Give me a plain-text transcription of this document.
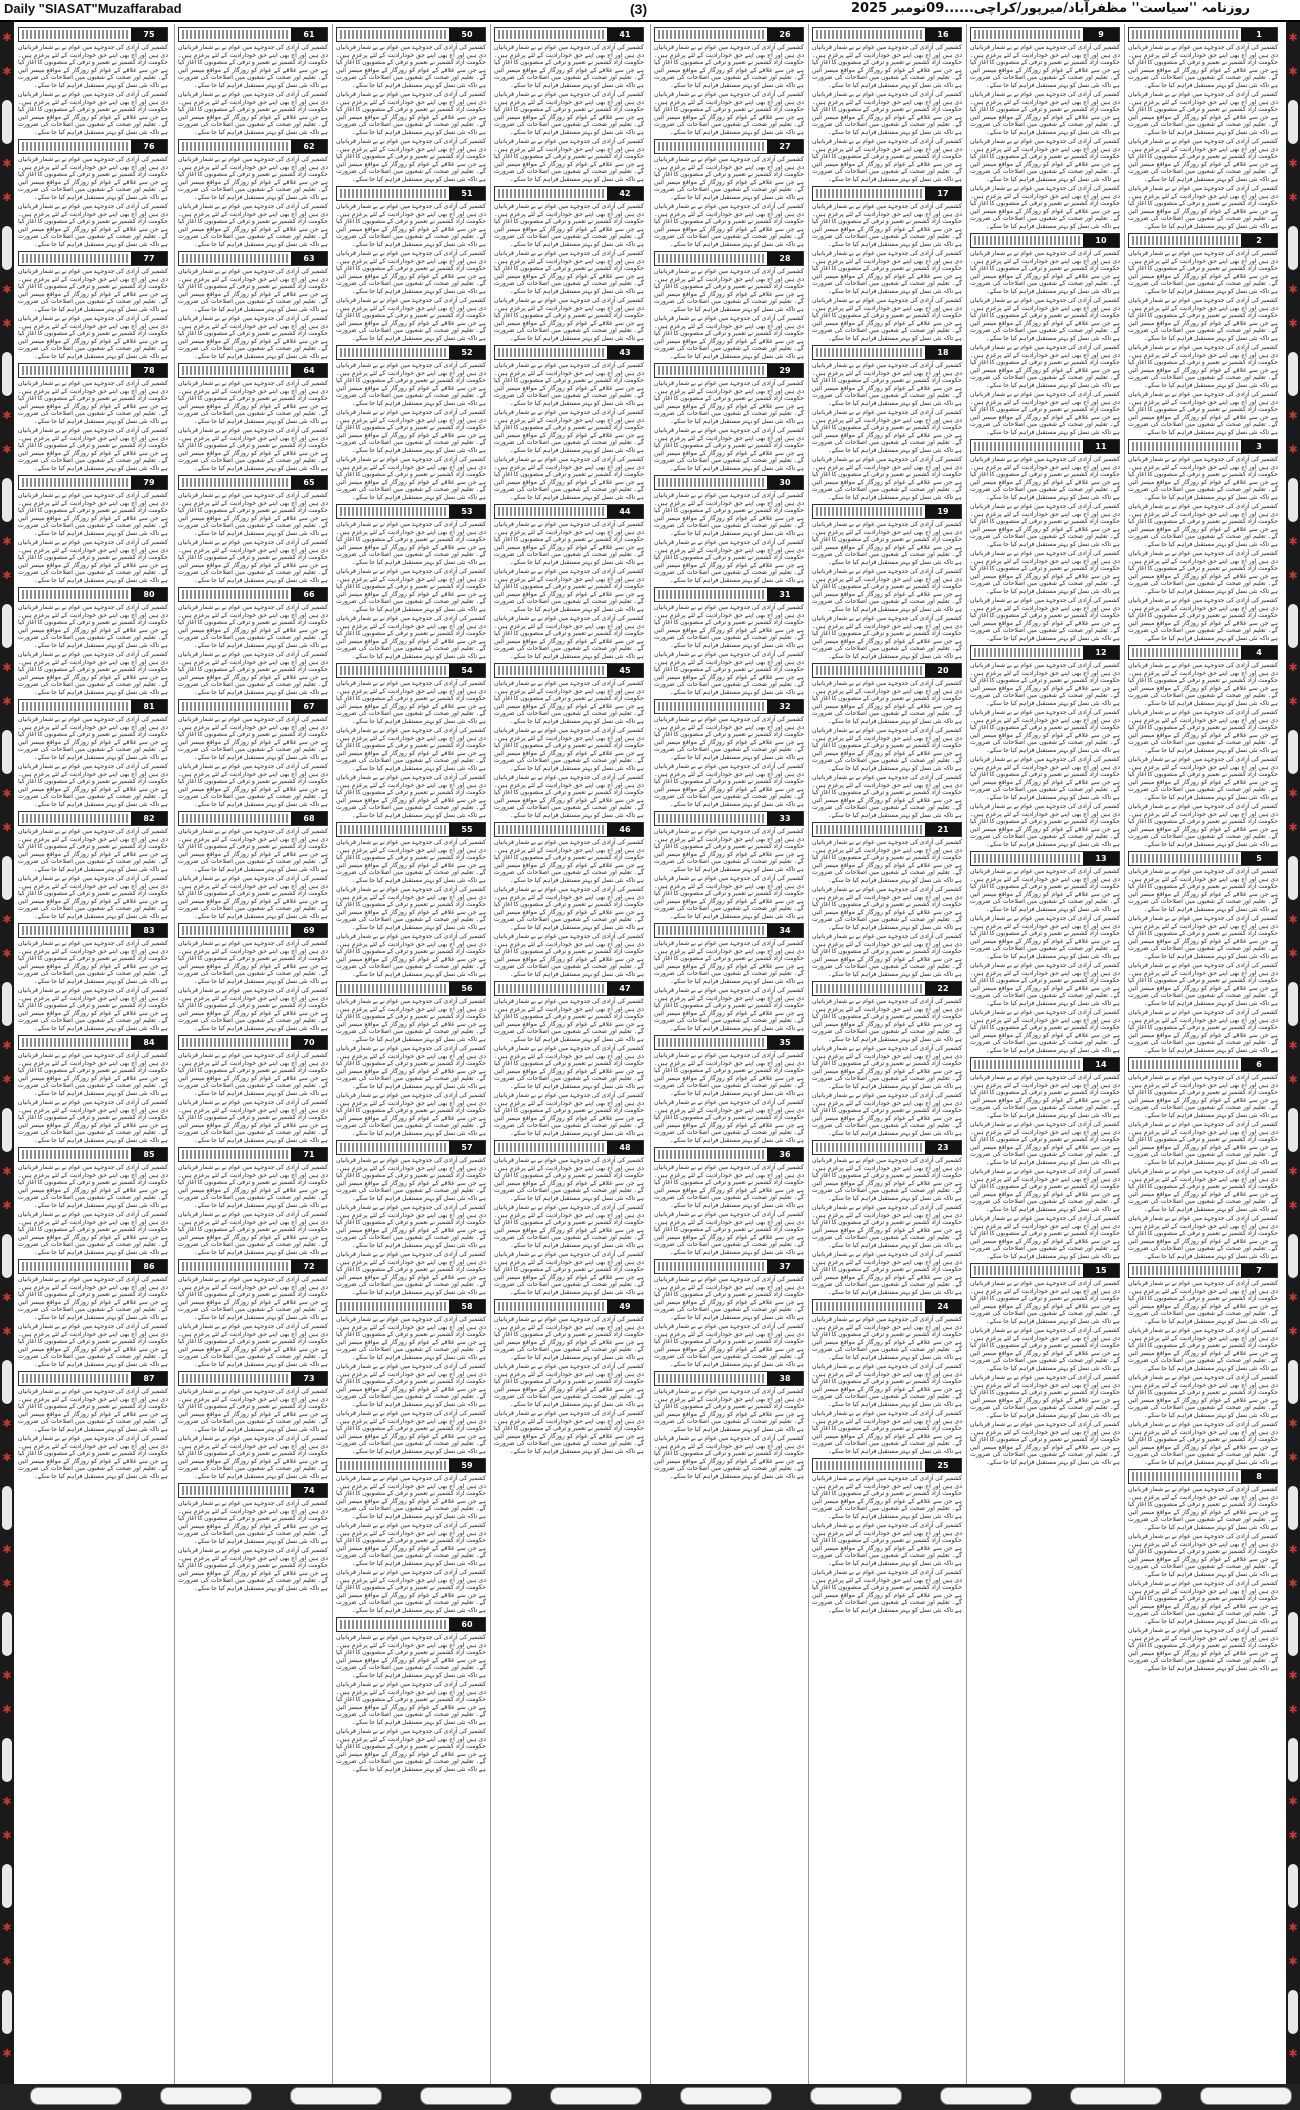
Daily "SIASAT"Muzaffarabad	(3)	روزنامہ ''سیاست'' مظفرآباد/میرپور/کراچی......09نومبر 2025
✱
✱
✱
✱
✱
✱
✱
✱
✱
✱
✱
✱
✱
✱
✱
✱
✱
✱
✱
✱
✱
✱
✱
✱
✱
✱
✱
✱
✱
✱
✱
✱
✱
✱
✱
✱
✱
✱
✱
✱
✱
✱
✱
✱
✱
✱
✱
✱
✱
✱
✱
✱
✱
✱
✱
✱
✱
✱
✱
✱
✱
✱
✱
✱
✱
✱
1

کشمیر کی آزادی کی جدوجہد میں عوام نے بے شمار قربانیاں دی ہیں اور آج بھی اپنے حق خودارادیت کے لئے پرعزم ہیں۔ حکومت آزاد کشمیر نے تعمیر و ترقی کے منصوبوں کا آغاز کیا ہے جن سے علاقے کے عوام کو روزگار کے مواقع میسر آئیں گے۔ تعلیم اور صحت کے شعبوں میں اصلاحات کی ضرورت ہے تاکہ نئی نسل کو بہتر مستقبل فراہم کیا جا سکے۔

کشمیر کی آزادی کی جدوجہد میں عوام نے بے شمار قربانیاں دی ہیں اور آج بھی اپنے حق خودارادیت کے لئے پرعزم ہیں۔ حکومت آزاد کشمیر نے تعمیر و ترقی کے منصوبوں کا آغاز کیا ہے جن سے علاقے کے عوام کو روزگار کے مواقع میسر آئیں گے۔ تعلیم اور صحت کے شعبوں میں اصلاحات کی ضرورت ہے تاکہ نئی نسل کو بہتر مستقبل فراہم کیا جا سکے۔

کشمیر کی آزادی کی جدوجہد میں عوام نے بے شمار قربانیاں دی ہیں اور آج بھی اپنے حق خودارادیت کے لئے پرعزم ہیں۔ حکومت آزاد کشمیر نے تعمیر و ترقی کے منصوبوں کا آغاز کیا ہے جن سے علاقے کے عوام کو روزگار کے مواقع میسر آئیں گے۔ تعلیم اور صحت کے شعبوں میں اصلاحات کی ضرورت ہے تاکہ نئی نسل کو بہتر مستقبل فراہم کیا جا سکے۔

کشمیر کی آزادی کی جدوجہد میں عوام نے بے شمار قربانیاں دی ہیں اور آج بھی اپنے حق خودارادیت کے لئے پرعزم ہیں۔ حکومت آزاد کشمیر نے تعمیر و ترقی کے منصوبوں کا آغاز کیا ہے جن سے علاقے کے عوام کو روزگار کے مواقع میسر آئیں گے۔ تعلیم اور صحت کے شعبوں میں اصلاحات کی ضرورت ہے تاکہ نئی نسل کو بہتر مستقبل فراہم کیا جا سکے۔

2

کشمیر کی آزادی کی جدوجہد میں عوام نے بے شمار قربانیاں دی ہیں اور آج بھی اپنے حق خودارادیت کے لئے پرعزم ہیں۔ حکومت آزاد کشمیر نے تعمیر و ترقی کے منصوبوں کا آغاز کیا ہے جن سے علاقے کے عوام کو روزگار کے مواقع میسر آئیں گے۔ تعلیم اور صحت کے شعبوں میں اصلاحات کی ضرورت ہے تاکہ نئی نسل کو بہتر مستقبل فراہم کیا جا سکے۔

کشمیر کی آزادی کی جدوجہد میں عوام نے بے شمار قربانیاں دی ہیں اور آج بھی اپنے حق خودارادیت کے لئے پرعزم ہیں۔ حکومت آزاد کشمیر نے تعمیر و ترقی کے منصوبوں کا آغاز کیا ہے جن سے علاقے کے عوام کو روزگار کے مواقع میسر آئیں گے۔ تعلیم اور صحت کے شعبوں میں اصلاحات کی ضرورت ہے تاکہ نئی نسل کو بہتر مستقبل فراہم کیا جا سکے۔

کشمیر کی آزادی کی جدوجہد میں عوام نے بے شمار قربانیاں دی ہیں اور آج بھی اپنے حق خودارادیت کے لئے پرعزم ہیں۔ حکومت آزاد کشمیر نے تعمیر و ترقی کے منصوبوں کا آغاز کیا ہے جن سے علاقے کے عوام کو روزگار کے مواقع میسر آئیں گے۔ تعلیم اور صحت کے شعبوں میں اصلاحات کی ضرورت ہے تاکہ نئی نسل کو بہتر مستقبل فراہم کیا جا سکے۔

کشمیر کی آزادی کی جدوجہد میں عوام نے بے شمار قربانیاں دی ہیں اور آج بھی اپنے حق خودارادیت کے لئے پرعزم ہیں۔ حکومت آزاد کشمیر نے تعمیر و ترقی کے منصوبوں کا آغاز کیا ہے جن سے علاقے کے عوام کو روزگار کے مواقع میسر آئیں گے۔ تعلیم اور صحت کے شعبوں میں اصلاحات کی ضرورت ہے تاکہ نئی نسل کو بہتر مستقبل فراہم کیا جا سکے۔

3

کشمیر کی آزادی کی جدوجہد میں عوام نے بے شمار قربانیاں دی ہیں اور آج بھی اپنے حق خودارادیت کے لئے پرعزم ہیں۔ حکومت آزاد کشمیر نے تعمیر و ترقی کے منصوبوں کا آغاز کیا ہے جن سے علاقے کے عوام کو روزگار کے مواقع میسر آئیں گے۔ تعلیم اور صحت کے شعبوں میں اصلاحات کی ضرورت ہے تاکہ نئی نسل کو بہتر مستقبل فراہم کیا جا سکے۔

کشمیر کی آزادی کی جدوجہد میں عوام نے بے شمار قربانیاں دی ہیں اور آج بھی اپنے حق خودارادیت کے لئے پرعزم ہیں۔ حکومت آزاد کشمیر نے تعمیر و ترقی کے منصوبوں کا آغاز کیا ہے جن سے علاقے کے عوام کو روزگار کے مواقع میسر آئیں گے۔ تعلیم اور صحت کے شعبوں میں اصلاحات کی ضرورت ہے تاکہ نئی نسل کو بہتر مستقبل فراہم کیا جا سکے۔

کشمیر کی آزادی کی جدوجہد میں عوام نے بے شمار قربانیاں دی ہیں اور آج بھی اپنے حق خودارادیت کے لئے پرعزم ہیں۔ حکومت آزاد کشمیر نے تعمیر و ترقی کے منصوبوں کا آغاز کیا ہے جن سے علاقے کے عوام کو روزگار کے مواقع میسر آئیں گے۔ تعلیم اور صحت کے شعبوں میں اصلاحات کی ضرورت ہے تاکہ نئی نسل کو بہتر مستقبل فراہم کیا جا سکے۔

کشمیر کی آزادی کی جدوجہد میں عوام نے بے شمار قربانیاں دی ہیں اور آج بھی اپنے حق خودارادیت کے لئے پرعزم ہیں۔ حکومت آزاد کشمیر نے تعمیر و ترقی کے منصوبوں کا آغاز کیا ہے جن سے علاقے کے عوام کو روزگار کے مواقع میسر آئیں گے۔ تعلیم اور صحت کے شعبوں میں اصلاحات کی ضرورت ہے تاکہ نئی نسل کو بہتر مستقبل فراہم کیا جا سکے۔

4

کشمیر کی آزادی کی جدوجہد میں عوام نے بے شمار قربانیاں دی ہیں اور آج بھی اپنے حق خودارادیت کے لئے پرعزم ہیں۔ حکومت آزاد کشمیر نے تعمیر و ترقی کے منصوبوں کا آغاز کیا ہے جن سے علاقے کے عوام کو روزگار کے مواقع میسر آئیں گے۔ تعلیم اور صحت کے شعبوں میں اصلاحات کی ضرورت ہے تاکہ نئی نسل کو بہتر مستقبل فراہم کیا جا سکے۔

کشمیر کی آزادی کی جدوجہد میں عوام نے بے شمار قربانیاں دی ہیں اور آج بھی اپنے حق خودارادیت کے لئے پرعزم ہیں۔ حکومت آزاد کشمیر نے تعمیر و ترقی کے منصوبوں کا آغاز کیا ہے جن سے علاقے کے عوام کو روزگار کے مواقع میسر آئیں گے۔ تعلیم اور صحت کے شعبوں میں اصلاحات کی ضرورت ہے تاکہ نئی نسل کو بہتر مستقبل فراہم کیا جا سکے۔

کشمیر کی آزادی کی جدوجہد میں عوام نے بے شمار قربانیاں دی ہیں اور آج بھی اپنے حق خودارادیت کے لئے پرعزم ہیں۔ حکومت آزاد کشمیر نے تعمیر و ترقی کے منصوبوں کا آغاز کیا ہے جن سے علاقے کے عوام کو روزگار کے مواقع میسر آئیں گے۔ تعلیم اور صحت کے شعبوں میں اصلاحات کی ضرورت ہے تاکہ نئی نسل کو بہتر مستقبل فراہم کیا جا سکے۔

کشمیر کی آزادی کی جدوجہد میں عوام نے بے شمار قربانیاں دی ہیں اور آج بھی اپنے حق خودارادیت کے لئے پرعزم ہیں۔ حکومت آزاد کشمیر نے تعمیر و ترقی کے منصوبوں کا آغاز کیا ہے جن سے علاقے کے عوام کو روزگار کے مواقع میسر آئیں گے۔ تعلیم اور صحت کے شعبوں میں اصلاحات کی ضرورت ہے تاکہ نئی نسل کو بہتر مستقبل فراہم کیا جا سکے۔

5

کشمیر کی آزادی کی جدوجہد میں عوام نے بے شمار قربانیاں دی ہیں اور آج بھی اپنے حق خودارادیت کے لئے پرعزم ہیں۔ حکومت آزاد کشمیر نے تعمیر و ترقی کے منصوبوں کا آغاز کیا ہے جن سے علاقے کے عوام کو روزگار کے مواقع میسر آئیں گے۔ تعلیم اور صحت کے شعبوں میں اصلاحات کی ضرورت ہے تاکہ نئی نسل کو بہتر مستقبل فراہم کیا جا سکے۔

کشمیر کی آزادی کی جدوجہد میں عوام نے بے شمار قربانیاں دی ہیں اور آج بھی اپنے حق خودارادیت کے لئے پرعزم ہیں۔ حکومت آزاد کشمیر نے تعمیر و ترقی کے منصوبوں کا آغاز کیا ہے جن سے علاقے کے عوام کو روزگار کے مواقع میسر آئیں گے۔ تعلیم اور صحت کے شعبوں میں اصلاحات کی ضرورت ہے تاکہ نئی نسل کو بہتر مستقبل فراہم کیا جا سکے۔

کشمیر کی آزادی کی جدوجہد میں عوام نے بے شمار قربانیاں دی ہیں اور آج بھی اپنے حق خودارادیت کے لئے پرعزم ہیں۔ حکومت آزاد کشمیر نے تعمیر و ترقی کے منصوبوں کا آغاز کیا ہے جن سے علاقے کے عوام کو روزگار کے مواقع میسر آئیں گے۔ تعلیم اور صحت کے شعبوں میں اصلاحات کی ضرورت ہے تاکہ نئی نسل کو بہتر مستقبل فراہم کیا جا سکے۔

کشمیر کی آزادی کی جدوجہد میں عوام نے بے شمار قربانیاں دی ہیں اور آج بھی اپنے حق خودارادیت کے لئے پرعزم ہیں۔ حکومت آزاد کشمیر نے تعمیر و ترقی کے منصوبوں کا آغاز کیا ہے جن سے علاقے کے عوام کو روزگار کے مواقع میسر آئیں گے۔ تعلیم اور صحت کے شعبوں میں اصلاحات کی ضرورت ہے تاکہ نئی نسل کو بہتر مستقبل فراہم کیا جا سکے۔

6

کشمیر کی آزادی کی جدوجہد میں عوام نے بے شمار قربانیاں دی ہیں اور آج بھی اپنے حق خودارادیت کے لئے پرعزم ہیں۔ حکومت آزاد کشمیر نے تعمیر و ترقی کے منصوبوں کا آغاز کیا ہے جن سے علاقے کے عوام کو روزگار کے مواقع میسر آئیں گے۔ تعلیم اور صحت کے شعبوں میں اصلاحات کی ضرورت ہے تاکہ نئی نسل کو بہتر مستقبل فراہم کیا جا سکے۔

کشمیر کی آزادی کی جدوجہد میں عوام نے بے شمار قربانیاں دی ہیں اور آج بھی اپنے حق خودارادیت کے لئے پرعزم ہیں۔ حکومت آزاد کشمیر نے تعمیر و ترقی کے منصوبوں کا آغاز کیا ہے جن سے علاقے کے عوام کو روزگار کے مواقع میسر آئیں گے۔ تعلیم اور صحت کے شعبوں میں اصلاحات کی ضرورت ہے تاکہ نئی نسل کو بہتر مستقبل فراہم کیا جا سکے۔

کشمیر کی آزادی کی جدوجہد میں عوام نے بے شمار قربانیاں دی ہیں اور آج بھی اپنے حق خودارادیت کے لئے پرعزم ہیں۔ حکومت آزاد کشمیر نے تعمیر و ترقی کے منصوبوں کا آغاز کیا ہے جن سے علاقے کے عوام کو روزگار کے مواقع میسر آئیں گے۔ تعلیم اور صحت کے شعبوں میں اصلاحات کی ضرورت ہے تاکہ نئی نسل کو بہتر مستقبل فراہم کیا جا سکے۔

کشمیر کی آزادی کی جدوجہد میں عوام نے بے شمار قربانیاں دی ہیں اور آج بھی اپنے حق خودارادیت کے لئے پرعزم ہیں۔ حکومت آزاد کشمیر نے تعمیر و ترقی کے منصوبوں کا آغاز کیا ہے جن سے علاقے کے عوام کو روزگار کے مواقع میسر آئیں گے۔ تعلیم اور صحت کے شعبوں میں اصلاحات کی ضرورت ہے تاکہ نئی نسل کو بہتر مستقبل فراہم کیا جا سکے۔

7

کشمیر کی آزادی کی جدوجہد میں عوام نے بے شمار قربانیاں دی ہیں اور آج بھی اپنے حق خودارادیت کے لئے پرعزم ہیں۔ حکومت آزاد کشمیر نے تعمیر و ترقی کے منصوبوں کا آغاز کیا ہے جن سے علاقے کے عوام کو روزگار کے مواقع میسر آئیں گے۔ تعلیم اور صحت کے شعبوں میں اصلاحات کی ضرورت ہے تاکہ نئی نسل کو بہتر مستقبل فراہم کیا جا سکے۔

کشمیر کی آزادی کی جدوجہد میں عوام نے بے شمار قربانیاں دی ہیں اور آج بھی اپنے حق خودارادیت کے لئے پرعزم ہیں۔ حکومت آزاد کشمیر نے تعمیر و ترقی کے منصوبوں کا آغاز کیا ہے جن سے علاقے کے عوام کو روزگار کے مواقع میسر آئیں گے۔ تعلیم اور صحت کے شعبوں میں اصلاحات کی ضرورت ہے تاکہ نئی نسل کو بہتر مستقبل فراہم کیا جا سکے۔

کشمیر کی آزادی کی جدوجہد میں عوام نے بے شمار قربانیاں دی ہیں اور آج بھی اپنے حق خودارادیت کے لئے پرعزم ہیں۔ حکومت آزاد کشمیر نے تعمیر و ترقی کے منصوبوں کا آغاز کیا ہے جن سے علاقے کے عوام کو روزگار کے مواقع میسر آئیں گے۔ تعلیم اور صحت کے شعبوں میں اصلاحات کی ضرورت ہے تاکہ نئی نسل کو بہتر مستقبل فراہم کیا جا سکے۔

کشمیر کی آزادی کی جدوجہد میں عوام نے بے شمار قربانیاں دی ہیں اور آج بھی اپنے حق خودارادیت کے لئے پرعزم ہیں۔ حکومت آزاد کشمیر نے تعمیر و ترقی کے منصوبوں کا آغاز کیا ہے جن سے علاقے کے عوام کو روزگار کے مواقع میسر آئیں گے۔ تعلیم اور صحت کے شعبوں میں اصلاحات کی ضرورت ہے تاکہ نئی نسل کو بہتر مستقبل فراہم کیا جا سکے۔

8

کشمیر کی آزادی کی جدوجہد میں عوام نے بے شمار قربانیاں دی ہیں اور آج بھی اپنے حق خودارادیت کے لئے پرعزم ہیں۔ حکومت آزاد کشمیر نے تعمیر و ترقی کے منصوبوں کا آغاز کیا ہے جن سے علاقے کے عوام کو روزگار کے مواقع میسر آئیں گے۔ تعلیم اور صحت کے شعبوں میں اصلاحات کی ضرورت ہے تاکہ نئی نسل کو بہتر مستقبل فراہم کیا جا سکے۔

کشمیر کی آزادی کی جدوجہد میں عوام نے بے شمار قربانیاں دی ہیں اور آج بھی اپنے حق خودارادیت کے لئے پرعزم ہیں۔ حکومت آزاد کشمیر نے تعمیر و ترقی کے منصوبوں کا آغاز کیا ہے جن سے علاقے کے عوام کو روزگار کے مواقع میسر آئیں گے۔ تعلیم اور صحت کے شعبوں میں اصلاحات کی ضرورت ہے تاکہ نئی نسل کو بہتر مستقبل فراہم کیا جا سکے۔

کشمیر کی آزادی کی جدوجہد میں عوام نے بے شمار قربانیاں دی ہیں اور آج بھی اپنے حق خودارادیت کے لئے پرعزم ہیں۔ حکومت آزاد کشمیر نے تعمیر و ترقی کے منصوبوں کا آغاز کیا ہے جن سے علاقے کے عوام کو روزگار کے مواقع میسر آئیں گے۔ تعلیم اور صحت کے شعبوں میں اصلاحات کی ضرورت ہے تاکہ نئی نسل کو بہتر مستقبل فراہم کیا جا سکے۔

کشمیر کی آزادی کی جدوجہد میں عوام نے بے شمار قربانیاں دی ہیں اور آج بھی اپنے حق خودارادیت کے لئے پرعزم ہیں۔ حکومت آزاد کشمیر نے تعمیر و ترقی کے منصوبوں کا آغاز کیا ہے جن سے علاقے کے عوام کو روزگار کے مواقع میسر آئیں گے۔ تعلیم اور صحت کے شعبوں میں اصلاحات کی ضرورت ہے تاکہ نئی نسل کو بہتر مستقبل فراہم کیا جا سکے۔

9

کشمیر کی آزادی کی جدوجہد میں عوام نے بے شمار قربانیاں دی ہیں اور آج بھی اپنے حق خودارادیت کے لئے پرعزم ہیں۔ حکومت آزاد کشمیر نے تعمیر و ترقی کے منصوبوں کا آغاز کیا ہے جن سے علاقے کے عوام کو روزگار کے مواقع میسر آئیں گے۔ تعلیم اور صحت کے شعبوں میں اصلاحات کی ضرورت ہے تاکہ نئی نسل کو بہتر مستقبل فراہم کیا جا سکے۔

کشمیر کی آزادی کی جدوجہد میں عوام نے بے شمار قربانیاں دی ہیں اور آج بھی اپنے حق خودارادیت کے لئے پرعزم ہیں۔ حکومت آزاد کشمیر نے تعمیر و ترقی کے منصوبوں کا آغاز کیا ہے جن سے علاقے کے عوام کو روزگار کے مواقع میسر آئیں گے۔ تعلیم اور صحت کے شعبوں میں اصلاحات کی ضرورت ہے تاکہ نئی نسل کو بہتر مستقبل فراہم کیا جا سکے۔

کشمیر کی آزادی کی جدوجہد میں عوام نے بے شمار قربانیاں دی ہیں اور آج بھی اپنے حق خودارادیت کے لئے پرعزم ہیں۔ حکومت آزاد کشمیر نے تعمیر و ترقی کے منصوبوں کا آغاز کیا ہے جن سے علاقے کے عوام کو روزگار کے مواقع میسر آئیں گے۔ تعلیم اور صحت کے شعبوں میں اصلاحات کی ضرورت ہے تاکہ نئی نسل کو بہتر مستقبل فراہم کیا جا سکے۔

کشمیر کی آزادی کی جدوجہد میں عوام نے بے شمار قربانیاں دی ہیں اور آج بھی اپنے حق خودارادیت کے لئے پرعزم ہیں۔ حکومت آزاد کشمیر نے تعمیر و ترقی کے منصوبوں کا آغاز کیا ہے جن سے علاقے کے عوام کو روزگار کے مواقع میسر آئیں گے۔ تعلیم اور صحت کے شعبوں میں اصلاحات کی ضرورت ہے تاکہ نئی نسل کو بہتر مستقبل فراہم کیا جا سکے۔

10

کشمیر کی آزادی کی جدوجہد میں عوام نے بے شمار قربانیاں دی ہیں اور آج بھی اپنے حق خودارادیت کے لئے پرعزم ہیں۔ حکومت آزاد کشمیر نے تعمیر و ترقی کے منصوبوں کا آغاز کیا ہے جن سے علاقے کے عوام کو روزگار کے مواقع میسر آئیں گے۔ تعلیم اور صحت کے شعبوں میں اصلاحات کی ضرورت ہے تاکہ نئی نسل کو بہتر مستقبل فراہم کیا جا سکے۔

کشمیر کی آزادی کی جدوجہد میں عوام نے بے شمار قربانیاں دی ہیں اور آج بھی اپنے حق خودارادیت کے لئے پرعزم ہیں۔ حکومت آزاد کشمیر نے تعمیر و ترقی کے منصوبوں کا آغاز کیا ہے جن سے علاقے کے عوام کو روزگار کے مواقع میسر آئیں گے۔ تعلیم اور صحت کے شعبوں میں اصلاحات کی ضرورت ہے تاکہ نئی نسل کو بہتر مستقبل فراہم کیا جا سکے۔

کشمیر کی آزادی کی جدوجہد میں عوام نے بے شمار قربانیاں دی ہیں اور آج بھی اپنے حق خودارادیت کے لئے پرعزم ہیں۔ حکومت آزاد کشمیر نے تعمیر و ترقی کے منصوبوں کا آغاز کیا ہے جن سے علاقے کے عوام کو روزگار کے مواقع میسر آئیں گے۔ تعلیم اور صحت کے شعبوں میں اصلاحات کی ضرورت ہے تاکہ نئی نسل کو بہتر مستقبل فراہم کیا جا سکے۔

کشمیر کی آزادی کی جدوجہد میں عوام نے بے شمار قربانیاں دی ہیں اور آج بھی اپنے حق خودارادیت کے لئے پرعزم ہیں۔ حکومت آزاد کشمیر نے تعمیر و ترقی کے منصوبوں کا آغاز کیا ہے جن سے علاقے کے عوام کو روزگار کے مواقع میسر آئیں گے۔ تعلیم اور صحت کے شعبوں میں اصلاحات کی ضرورت ہے تاکہ نئی نسل کو بہتر مستقبل فراہم کیا جا سکے۔

11

کشمیر کی آزادی کی جدوجہد میں عوام نے بے شمار قربانیاں دی ہیں اور آج بھی اپنے حق خودارادیت کے لئے پرعزم ہیں۔ حکومت آزاد کشمیر نے تعمیر و ترقی کے منصوبوں کا آغاز کیا ہے جن سے علاقے کے عوام کو روزگار کے مواقع میسر آئیں گے۔ تعلیم اور صحت کے شعبوں میں اصلاحات کی ضرورت ہے تاکہ نئی نسل کو بہتر مستقبل فراہم کیا جا سکے۔

کشمیر کی آزادی کی جدوجہد میں عوام نے بے شمار قربانیاں دی ہیں اور آج بھی اپنے حق خودارادیت کے لئے پرعزم ہیں۔ حکومت آزاد کشمیر نے تعمیر و ترقی کے منصوبوں کا آغاز کیا ہے جن سے علاقے کے عوام کو روزگار کے مواقع میسر آئیں گے۔ تعلیم اور صحت کے شعبوں میں اصلاحات کی ضرورت ہے تاکہ نئی نسل کو بہتر مستقبل فراہم کیا جا سکے۔

کشمیر کی آزادی کی جدوجہد میں عوام نے بے شمار قربانیاں دی ہیں اور آج بھی اپنے حق خودارادیت کے لئے پرعزم ہیں۔ حکومت آزاد کشمیر نے تعمیر و ترقی کے منصوبوں کا آغاز کیا ہے جن سے علاقے کے عوام کو روزگار کے مواقع میسر آئیں گے۔ تعلیم اور صحت کے شعبوں میں اصلاحات کی ضرورت ہے تاکہ نئی نسل کو بہتر مستقبل فراہم کیا جا سکے۔

کشمیر کی آزادی کی جدوجہد میں عوام نے بے شمار قربانیاں دی ہیں اور آج بھی اپنے حق خودارادیت کے لئے پرعزم ہیں۔ حکومت آزاد کشمیر نے تعمیر و ترقی کے منصوبوں کا آغاز کیا ہے جن سے علاقے کے عوام کو روزگار کے مواقع میسر آئیں گے۔ تعلیم اور صحت کے شعبوں میں اصلاحات کی ضرورت ہے تاکہ نئی نسل کو بہتر مستقبل فراہم کیا جا سکے۔

12

کشمیر کی آزادی کی جدوجہد میں عوام نے بے شمار قربانیاں دی ہیں اور آج بھی اپنے حق خودارادیت کے لئے پرعزم ہیں۔ حکومت آزاد کشمیر نے تعمیر و ترقی کے منصوبوں کا آغاز کیا ہے جن سے علاقے کے عوام کو روزگار کے مواقع میسر آئیں گے۔ تعلیم اور صحت کے شعبوں میں اصلاحات کی ضرورت ہے تاکہ نئی نسل کو بہتر مستقبل فراہم کیا جا سکے۔

کشمیر کی آزادی کی جدوجہد میں عوام نے بے شمار قربانیاں دی ہیں اور آج بھی اپنے حق خودارادیت کے لئے پرعزم ہیں۔ حکومت آزاد کشمیر نے تعمیر و ترقی کے منصوبوں کا آغاز کیا ہے جن سے علاقے کے عوام کو روزگار کے مواقع میسر آئیں گے۔ تعلیم اور صحت کے شعبوں میں اصلاحات کی ضرورت ہے تاکہ نئی نسل کو بہتر مستقبل فراہم کیا جا سکے۔

کشمیر کی آزادی کی جدوجہد میں عوام نے بے شمار قربانیاں دی ہیں اور آج بھی اپنے حق خودارادیت کے لئے پرعزم ہیں۔ حکومت آزاد کشمیر نے تعمیر و ترقی کے منصوبوں کا آغاز کیا ہے جن سے علاقے کے عوام کو روزگار کے مواقع میسر آئیں گے۔ تعلیم اور صحت کے شعبوں میں اصلاحات کی ضرورت ہے تاکہ نئی نسل کو بہتر مستقبل فراہم کیا جا سکے۔

کشمیر کی آزادی کی جدوجہد میں عوام نے بے شمار قربانیاں دی ہیں اور آج بھی اپنے حق خودارادیت کے لئے پرعزم ہیں۔ حکومت آزاد کشمیر نے تعمیر و ترقی کے منصوبوں کا آغاز کیا ہے جن سے علاقے کے عوام کو روزگار کے مواقع میسر آئیں گے۔ تعلیم اور صحت کے شعبوں میں اصلاحات کی ضرورت ہے تاکہ نئی نسل کو بہتر مستقبل فراہم کیا جا سکے۔

13

کشمیر کی آزادی کی جدوجہد میں عوام نے بے شمار قربانیاں دی ہیں اور آج بھی اپنے حق خودارادیت کے لئے پرعزم ہیں۔ حکومت آزاد کشمیر نے تعمیر و ترقی کے منصوبوں کا آغاز کیا ہے جن سے علاقے کے عوام کو روزگار کے مواقع میسر آئیں گے۔ تعلیم اور صحت کے شعبوں میں اصلاحات کی ضرورت ہے تاکہ نئی نسل کو بہتر مستقبل فراہم کیا جا سکے۔

کشمیر کی آزادی کی جدوجہد میں عوام نے بے شمار قربانیاں دی ہیں اور آج بھی اپنے حق خودارادیت کے لئے پرعزم ہیں۔ حکومت آزاد کشمیر نے تعمیر و ترقی کے منصوبوں کا آغاز کیا ہے جن سے علاقے کے عوام کو روزگار کے مواقع میسر آئیں گے۔ تعلیم اور صحت کے شعبوں میں اصلاحات کی ضرورت ہے تاکہ نئی نسل کو بہتر مستقبل فراہم کیا جا سکے۔

کشمیر کی آزادی کی جدوجہد میں عوام نے بے شمار قربانیاں دی ہیں اور آج بھی اپنے حق خودارادیت کے لئے پرعزم ہیں۔ حکومت آزاد کشمیر نے تعمیر و ترقی کے منصوبوں کا آغاز کیا ہے جن سے علاقے کے عوام کو روزگار کے مواقع میسر آئیں گے۔ تعلیم اور صحت کے شعبوں میں اصلاحات کی ضرورت ہے تاکہ نئی نسل کو بہتر مستقبل فراہم کیا جا سکے۔

کشمیر کی آزادی کی جدوجہد میں عوام نے بے شمار قربانیاں دی ہیں اور آج بھی اپنے حق خودارادیت کے لئے پرعزم ہیں۔ حکومت آزاد کشمیر نے تعمیر و ترقی کے منصوبوں کا آغاز کیا ہے جن سے علاقے کے عوام کو روزگار کے مواقع میسر آئیں گے۔ تعلیم اور صحت کے شعبوں میں اصلاحات کی ضرورت ہے تاکہ نئی نسل کو بہتر مستقبل فراہم کیا جا سکے۔

14

کشمیر کی آزادی کی جدوجہد میں عوام نے بے شمار قربانیاں دی ہیں اور آج بھی اپنے حق خودارادیت کے لئے پرعزم ہیں۔ حکومت آزاد کشمیر نے تعمیر و ترقی کے منصوبوں کا آغاز کیا ہے جن سے علاقے کے عوام کو روزگار کے مواقع میسر آئیں گے۔ تعلیم اور صحت کے شعبوں میں اصلاحات کی ضرورت ہے تاکہ نئی نسل کو بہتر مستقبل فراہم کیا جا سکے۔

کشمیر کی آزادی کی جدوجہد میں عوام نے بے شمار قربانیاں دی ہیں اور آج بھی اپنے حق خودارادیت کے لئے پرعزم ہیں۔ حکومت آزاد کشمیر نے تعمیر و ترقی کے منصوبوں کا آغاز کیا ہے جن سے علاقے کے عوام کو روزگار کے مواقع میسر آئیں گے۔ تعلیم اور صحت کے شعبوں میں اصلاحات کی ضرورت ہے تاکہ نئی نسل کو بہتر مستقبل فراہم کیا جا سکے۔

کشمیر کی آزادی کی جدوجہد میں عوام نے بے شمار قربانیاں دی ہیں اور آج بھی اپنے حق خودارادیت کے لئے پرعزم ہیں۔ حکومت آزاد کشمیر نے تعمیر و ترقی کے منصوبوں کا آغاز کیا ہے جن سے علاقے کے عوام کو روزگار کے مواقع میسر آئیں گے۔ تعلیم اور صحت کے شعبوں میں اصلاحات کی ضرورت ہے تاکہ نئی نسل کو بہتر مستقبل فراہم کیا جا سکے۔

کشمیر کی آزادی کی جدوجہد میں عوام نے بے شمار قربانیاں دی ہیں اور آج بھی اپنے حق خودارادیت کے لئے پرعزم ہیں۔ حکومت آزاد کشمیر نے تعمیر و ترقی کے منصوبوں کا آغاز کیا ہے جن سے علاقے کے عوام کو روزگار کے مواقع میسر آئیں گے۔ تعلیم اور صحت کے شعبوں میں اصلاحات کی ضرورت ہے تاکہ نئی نسل کو بہتر مستقبل فراہم کیا جا سکے۔

15

کشمیر کی آزادی کی جدوجہد میں عوام نے بے شمار قربانیاں دی ہیں اور آج بھی اپنے حق خودارادیت کے لئے پرعزم ہیں۔ حکومت آزاد کشمیر نے تعمیر و ترقی کے منصوبوں کا آغاز کیا ہے جن سے علاقے کے عوام کو روزگار کے مواقع میسر آئیں گے۔ تعلیم اور صحت کے شعبوں میں اصلاحات کی ضرورت ہے تاکہ نئی نسل کو بہتر مستقبل فراہم کیا جا سکے۔

کشمیر کی آزادی کی جدوجہد میں عوام نے بے شمار قربانیاں دی ہیں اور آج بھی اپنے حق خودارادیت کے لئے پرعزم ہیں۔ حکومت آزاد کشمیر نے تعمیر و ترقی کے منصوبوں کا آغاز کیا ہے جن سے علاقے کے عوام کو روزگار کے مواقع میسر آئیں گے۔ تعلیم اور صحت کے شعبوں میں اصلاحات کی ضرورت ہے تاکہ نئی نسل کو بہتر مستقبل فراہم کیا جا سکے۔

کشمیر کی آزادی کی جدوجہد میں عوام نے بے شمار قربانیاں دی ہیں اور آج بھی اپنے حق خودارادیت کے لئے پرعزم ہیں۔ حکومت آزاد کشمیر نے تعمیر و ترقی کے منصوبوں کا آغاز کیا ہے جن سے علاقے کے عوام کو روزگار کے مواقع میسر آئیں گے۔ تعلیم اور صحت کے شعبوں میں اصلاحات کی ضرورت ہے تاکہ نئی نسل کو بہتر مستقبل فراہم کیا جا سکے۔

کشمیر کی آزادی کی جدوجہد میں عوام نے بے شمار قربانیاں دی ہیں اور آج بھی اپنے حق خودارادیت کے لئے پرعزم ہیں۔ حکومت آزاد کشمیر نے تعمیر و ترقی کے منصوبوں کا آغاز کیا ہے جن سے علاقے کے عوام کو روزگار کے مواقع میسر آئیں گے۔ تعلیم اور صحت کے شعبوں میں اصلاحات کی ضرورت ہے تاکہ نئی نسل کو بہتر مستقبل فراہم کیا جا سکے۔

16

کشمیر کی آزادی کی جدوجہد میں عوام نے بے شمار قربانیاں دی ہیں اور آج بھی اپنے حق خودارادیت کے لئے پرعزم ہیں۔ حکومت آزاد کشمیر نے تعمیر و ترقی کے منصوبوں کا آغاز کیا ہے جن سے علاقے کے عوام کو روزگار کے مواقع میسر آئیں گے۔ تعلیم اور صحت کے شعبوں میں اصلاحات کی ضرورت ہے تاکہ نئی نسل کو بہتر مستقبل فراہم کیا جا سکے۔

کشمیر کی آزادی کی جدوجہد میں عوام نے بے شمار قربانیاں دی ہیں اور آج بھی اپنے حق خودارادیت کے لئے پرعزم ہیں۔ حکومت آزاد کشمیر نے تعمیر و ترقی کے منصوبوں کا آغاز کیا ہے جن سے علاقے کے عوام کو روزگار کے مواقع میسر آئیں گے۔ تعلیم اور صحت کے شعبوں میں اصلاحات کی ضرورت ہے تاکہ نئی نسل کو بہتر مستقبل فراہم کیا جا سکے۔

کشمیر کی آزادی کی جدوجہد میں عوام نے بے شمار قربانیاں دی ہیں اور آج بھی اپنے حق خودارادیت کے لئے پرعزم ہیں۔ حکومت آزاد کشمیر نے تعمیر و ترقی کے منصوبوں کا آغاز کیا ہے جن سے علاقے کے عوام کو روزگار کے مواقع میسر آئیں گے۔ تعلیم اور صحت کے شعبوں میں اصلاحات کی ضرورت ہے تاکہ نئی نسل کو بہتر مستقبل فراہم کیا جا سکے۔

17

کشمیر کی آزادی کی جدوجہد میں عوام نے بے شمار قربانیاں دی ہیں اور آج بھی اپنے حق خودارادیت کے لئے پرعزم ہیں۔ حکومت آزاد کشمیر نے تعمیر و ترقی کے منصوبوں کا آغاز کیا ہے جن سے علاقے کے عوام کو روزگار کے مواقع میسر آئیں گے۔ تعلیم اور صحت کے شعبوں میں اصلاحات کی ضرورت ہے تاکہ نئی نسل کو بہتر مستقبل فراہم کیا جا سکے۔

کشمیر کی آزادی کی جدوجہد میں عوام نے بے شمار قربانیاں دی ہیں اور آج بھی اپنے حق خودارادیت کے لئے پرعزم ہیں۔ حکومت آزاد کشمیر نے تعمیر و ترقی کے منصوبوں کا آغاز کیا ہے جن سے علاقے کے عوام کو روزگار کے مواقع میسر آئیں گے۔ تعلیم اور صحت کے شعبوں میں اصلاحات کی ضرورت ہے تاکہ نئی نسل کو بہتر مستقبل فراہم کیا جا سکے۔

کشمیر کی آزادی کی جدوجہد میں عوام نے بے شمار قربانیاں دی ہیں اور آج بھی اپنے حق خودارادیت کے لئے پرعزم ہیں۔ حکومت آزاد کشمیر نے تعمیر و ترقی کے منصوبوں کا آغاز کیا ہے جن سے علاقے کے عوام کو روزگار کے مواقع میسر آئیں گے۔ تعلیم اور صحت کے شعبوں میں اصلاحات کی ضرورت ہے تاکہ نئی نسل کو بہتر مستقبل فراہم کیا جا سکے۔

18

کشمیر کی آزادی کی جدوجہد میں عوام نے بے شمار قربانیاں دی ہیں اور آج بھی اپنے حق خودارادیت کے لئے پرعزم ہیں۔ حکومت آزاد کشمیر نے تعمیر و ترقی کے منصوبوں کا آغاز کیا ہے جن سے علاقے کے عوام کو روزگار کے مواقع میسر آئیں گے۔ تعلیم اور صحت کے شعبوں میں اصلاحات کی ضرورت ہے تاکہ نئی نسل کو بہتر مستقبل فراہم کیا جا سکے۔

کشمیر کی آزادی کی جدوجہد میں عوام نے بے شمار قربانیاں دی ہیں اور آج بھی اپنے حق خودارادیت کے لئے پرعزم ہیں۔ حکومت آزاد کشمیر نے تعمیر و ترقی کے منصوبوں کا آغاز کیا ہے جن سے علاقے کے عوام کو روزگار کے مواقع میسر آئیں گے۔ تعلیم اور صحت کے شعبوں میں اصلاحات کی ضرورت ہے تاکہ نئی نسل کو بہتر مستقبل فراہم کیا جا سکے۔

کشمیر کی آزادی کی جدوجہد میں عوام نے بے شمار قربانیاں دی ہیں اور آج بھی اپنے حق خودارادیت کے لئے پرعزم ہیں۔ حکومت آزاد کشمیر نے تعمیر و ترقی کے منصوبوں کا آغاز کیا ہے جن سے علاقے کے عوام کو روزگار کے مواقع میسر آئیں گے۔ تعلیم اور صحت کے شعبوں میں اصلاحات کی ضرورت ہے تاکہ نئی نسل کو بہتر مستقبل فراہم کیا جا سکے۔

19

کشمیر کی آزادی کی جدوجہد میں عوام نے بے شمار قربانیاں دی ہیں اور آج بھی اپنے حق خودارادیت کے لئے پرعزم ہیں۔ حکومت آزاد کشمیر نے تعمیر و ترقی کے منصوبوں کا آغاز کیا ہے جن سے علاقے کے عوام کو روزگار کے مواقع میسر آئیں گے۔ تعلیم اور صحت کے شعبوں میں اصلاحات کی ضرورت ہے تاکہ نئی نسل کو بہتر مستقبل فراہم کیا جا سکے۔

کشمیر کی آزادی کی جدوجہد میں عوام نے بے شمار قربانیاں دی ہیں اور آج بھی اپنے حق خودارادیت کے لئے پرعزم ہیں۔ حکومت آزاد کشمیر نے تعمیر و ترقی کے منصوبوں کا آغاز کیا ہے جن سے علاقے کے عوام کو روزگار کے مواقع میسر آئیں گے۔ تعلیم اور صحت کے شعبوں میں اصلاحات کی ضرورت ہے تاکہ نئی نسل کو بہتر مستقبل فراہم کیا جا سکے۔

کشمیر کی آزادی کی جدوجہد میں عوام نے بے شمار قربانیاں دی ہیں اور آج بھی اپنے حق خودارادیت کے لئے پرعزم ہیں۔ حکومت آزاد کشمیر نے تعمیر و ترقی کے منصوبوں کا آغاز کیا ہے جن سے علاقے کے عوام کو روزگار کے مواقع میسر آئیں گے۔ تعلیم اور صحت کے شعبوں میں اصلاحات کی ضرورت ہے تاکہ نئی نسل کو بہتر مستقبل فراہم کیا جا سکے۔

20

کشمیر کی آزادی کی جدوجہد میں عوام نے بے شمار قربانیاں دی ہیں اور آج بھی اپنے حق خودارادیت کے لئے پرعزم ہیں۔ حکومت آزاد کشمیر نے تعمیر و ترقی کے منصوبوں کا آغاز کیا ہے جن سے علاقے کے عوام کو روزگار کے مواقع میسر آئیں گے۔ تعلیم اور صحت کے شعبوں میں اصلاحات کی ضرورت ہے تاکہ نئی نسل کو بہتر مستقبل فراہم کیا جا سکے۔

کشمیر کی آزادی کی جدوجہد میں عوام نے بے شمار قربانیاں دی ہیں اور آج بھی اپنے حق خودارادیت کے لئے پرعزم ہیں۔ حکومت آزاد کشمیر نے تعمیر و ترقی کے منصوبوں کا آغاز کیا ہے جن سے علاقے کے عوام کو روزگار کے مواقع میسر آئیں گے۔ تعلیم اور صحت کے شعبوں میں اصلاحات کی ضرورت ہے تاکہ نئی نسل کو بہتر مستقبل فراہم کیا جا سکے۔

کشمیر کی آزادی کی جدوجہد میں عوام نے بے شمار قربانیاں دی ہیں اور آج بھی اپنے حق خودارادیت کے لئے پرعزم ہیں۔ حکومت آزاد کشمیر نے تعمیر و ترقی کے منصوبوں کا آغاز کیا ہے جن سے علاقے کے عوام کو روزگار کے مواقع میسر آئیں گے۔ تعلیم اور صحت کے شعبوں میں اصلاحات کی ضرورت ہے تاکہ نئی نسل کو بہتر مستقبل فراہم کیا جا سکے۔

21

کشمیر کی آزادی کی جدوجہد میں عوام نے بے شمار قربانیاں دی ہیں اور آج بھی اپنے حق خودارادیت کے لئے پرعزم ہیں۔ حکومت آزاد کشمیر نے تعمیر و ترقی کے منصوبوں کا آغاز کیا ہے جن سے علاقے کے عوام کو روزگار کے مواقع میسر آئیں گے۔ تعلیم اور صحت کے شعبوں میں اصلاحات کی ضرورت ہے تاکہ نئی نسل کو بہتر مستقبل فراہم کیا جا سکے۔

کشمیر کی آزادی کی جدوجہد میں عوام نے بے شمار قربانیاں دی ہیں اور آج بھی اپنے حق خودارادیت کے لئے پرعزم ہیں۔ حکومت آزاد کشمیر نے تعمیر و ترقی کے منصوبوں کا آغاز کیا ہے جن سے علاقے کے عوام کو روزگار کے مواقع میسر آئیں گے۔ تعلیم اور صحت کے شعبوں میں اصلاحات کی ضرورت ہے تاکہ نئی نسل کو بہتر مستقبل فراہم کیا جا سکے۔

کشمیر کی آزادی کی جدوجہد میں عوام نے بے شمار قربانیاں دی ہیں اور آج بھی اپنے حق خودارادیت کے لئے پرعزم ہیں۔ حکومت آزاد کشمیر نے تعمیر و ترقی کے منصوبوں کا آغاز کیا ہے جن سے علاقے کے عوام کو روزگار کے مواقع میسر آئیں گے۔ تعلیم اور صحت کے شعبوں میں اصلاحات کی ضرورت ہے تاکہ نئی نسل کو بہتر مستقبل فراہم کیا جا سکے۔

22

کشمیر کی آزادی کی جدوجہد میں عوام نے بے شمار قربانیاں دی ہیں اور آج بھی اپنے حق خودارادیت کے لئے پرعزم ہیں۔ حکومت آزاد کشمیر نے تعمیر و ترقی کے منصوبوں کا آغاز کیا ہے جن سے علاقے کے عوام کو روزگار کے مواقع میسر آئیں گے۔ تعلیم اور صحت کے شعبوں میں اصلاحات کی ضرورت ہے تاکہ نئی نسل کو بہتر مستقبل فراہم کیا جا سکے۔

کشمیر کی آزادی کی جدوجہد میں عوام نے بے شمار قربانیاں دی ہیں اور آج بھی اپنے حق خودارادیت کے لئے پرعزم ہیں۔ حکومت آزاد کشمیر نے تعمیر و ترقی کے منصوبوں کا آغاز کیا ہے جن سے علاقے کے عوام کو روزگار کے مواقع میسر آئیں گے۔ تعلیم اور صحت کے شعبوں میں اصلاحات کی ضرورت ہے تاکہ نئی نسل کو بہتر مستقبل فراہم کیا جا سکے۔

کشمیر کی آزادی کی جدوجہد میں عوام نے بے شمار قربانیاں دی ہیں اور آج بھی اپنے حق خودارادیت کے لئے پرعزم ہیں۔ حکومت آزاد کشمیر نے تعمیر و ترقی کے منصوبوں کا آغاز کیا ہے جن سے علاقے کے عوام کو روزگار کے مواقع میسر آئیں گے۔ تعلیم اور صحت کے شعبوں میں اصلاحات کی ضرورت ہے تاکہ نئی نسل کو بہتر مستقبل فراہم کیا جا سکے۔

23

کشمیر کی آزادی کی جدوجہد میں عوام نے بے شمار قربانیاں دی ہیں اور آج بھی اپنے حق خودارادیت کے لئے پرعزم ہیں۔ حکومت آزاد کشمیر نے تعمیر و ترقی کے منصوبوں کا آغاز کیا ہے جن سے علاقے کے عوام کو روزگار کے مواقع میسر آئیں گے۔ تعلیم اور صحت کے شعبوں میں اصلاحات کی ضرورت ہے تاکہ نئی نسل کو بہتر مستقبل فراہم کیا جا سکے۔

کشمیر کی آزادی کی جدوجہد میں عوام نے بے شمار قربانیاں دی ہیں اور آج بھی اپنے حق خودارادیت کے لئے پرعزم ہیں۔ حکومت آزاد کشمیر نے تعمیر و ترقی کے منصوبوں کا آغاز کیا ہے جن سے علاقے کے عوام کو روزگار کے مواقع میسر آئیں گے۔ تعلیم اور صحت کے شعبوں میں اصلاحات کی ضرورت ہے تاکہ نئی نسل کو بہتر مستقبل فراہم کیا جا سکے۔

کشمیر کی آزادی کی جدوجہد میں عوام نے بے شمار قربانیاں دی ہیں اور آج بھی اپنے حق خودارادیت کے لئے پرعزم ہیں۔ حکومت آزاد کشمیر نے تعمیر و ترقی کے منصوبوں کا آغاز کیا ہے جن سے علاقے کے عوام کو روزگار کے مواقع میسر آئیں گے۔ تعلیم اور صحت کے شعبوں میں اصلاحات کی ضرورت ہے تاکہ نئی نسل کو بہتر مستقبل فراہم کیا جا سکے۔

24

کشمیر کی آزادی کی جدوجہد میں عوام نے بے شمار قربانیاں دی ہیں اور آج بھی اپنے حق خودارادیت کے لئے پرعزم ہیں۔ حکومت آزاد کشمیر نے تعمیر و ترقی کے منصوبوں کا آغاز کیا ہے جن سے علاقے کے عوام کو روزگار کے مواقع میسر آئیں گے۔ تعلیم اور صحت کے شعبوں میں اصلاحات کی ضرورت ہے تاکہ نئی نسل کو بہتر مستقبل فراہم کیا جا سکے۔

کشمیر کی آزادی کی جدوجہد میں عوام نے بے شمار قربانیاں دی ہیں اور آج بھی اپنے حق خودارادیت کے لئے پرعزم ہیں۔ حکومت آزاد کشمیر نے تعمیر و ترقی کے منصوبوں کا آغاز کیا ہے جن سے علاقے کے عوام کو روزگار کے مواقع میسر آئیں گے۔ تعلیم اور صحت کے شعبوں میں اصلاحات کی ضرورت ہے تاکہ نئی نسل کو بہتر مستقبل فراہم کیا جا سکے۔

کشمیر کی آزادی کی جدوجہد میں عوام نے بے شمار قربانیاں دی ہیں اور آج بھی اپنے حق خودارادیت کے لئے پرعزم ہیں۔ حکومت آزاد کشمیر نے تعمیر و ترقی کے منصوبوں کا آغاز کیا ہے جن سے علاقے کے عوام کو روزگار کے مواقع میسر آئیں گے۔ تعلیم اور صحت کے شعبوں میں اصلاحات کی ضرورت ہے تاکہ نئی نسل کو بہتر مستقبل فراہم کیا جا سکے۔

25

کشمیر کی آزادی کی جدوجہد میں عوام نے بے شمار قربانیاں دی ہیں اور آج بھی اپنے حق خودارادیت کے لئے پرعزم ہیں۔ حکومت آزاد کشمیر نے تعمیر و ترقی کے منصوبوں کا آغاز کیا ہے جن سے علاقے کے عوام کو روزگار کے مواقع میسر آئیں گے۔ تعلیم اور صحت کے شعبوں میں اصلاحات کی ضرورت ہے تاکہ نئی نسل کو بہتر مستقبل فراہم کیا جا سکے۔

کشمیر کی آزادی کی جدوجہد میں عوام نے بے شمار قربانیاں دی ہیں اور آج بھی اپنے حق خودارادیت کے لئے پرعزم ہیں۔ حکومت آزاد کشمیر نے تعمیر و ترقی کے منصوبوں کا آغاز کیا ہے جن سے علاقے کے عوام کو روزگار کے مواقع میسر آئیں گے۔ تعلیم اور صحت کے شعبوں میں اصلاحات کی ضرورت ہے تاکہ نئی نسل کو بہتر مستقبل فراہم کیا جا سکے۔

کشمیر کی آزادی کی جدوجہد میں عوام نے بے شمار قربانیاں دی ہیں اور آج بھی اپنے حق خودارادیت کے لئے پرعزم ہیں۔ حکومت آزاد کشمیر نے تعمیر و ترقی کے منصوبوں کا آغاز کیا ہے جن سے علاقے کے عوام کو روزگار کے مواقع میسر آئیں گے۔ تعلیم اور صحت کے شعبوں میں اصلاحات کی ضرورت ہے تاکہ نئی نسل کو بہتر مستقبل فراہم کیا جا سکے۔

26

کشمیر کی آزادی کی جدوجہد میں عوام نے بے شمار قربانیاں دی ہیں اور آج بھی اپنے حق خودارادیت کے لئے پرعزم ہیں۔ حکومت آزاد کشمیر نے تعمیر و ترقی کے منصوبوں کا آغاز کیا ہے جن سے علاقے کے عوام کو روزگار کے مواقع میسر آئیں گے۔ تعلیم اور صحت کے شعبوں میں اصلاحات کی ضرورت ہے تاکہ نئی نسل کو بہتر مستقبل فراہم کیا جا سکے۔

کشمیر کی آزادی کی جدوجہد میں عوام نے بے شمار قربانیاں دی ہیں اور آج بھی اپنے حق خودارادیت کے لئے پرعزم ہیں۔ حکومت آزاد کشمیر نے تعمیر و ترقی کے منصوبوں کا آغاز کیا ہے جن سے علاقے کے عوام کو روزگار کے مواقع میسر آئیں گے۔ تعلیم اور صحت کے شعبوں میں اصلاحات کی ضرورت ہے تاکہ نئی نسل کو بہتر مستقبل فراہم کیا جا سکے۔

27

کشمیر کی آزادی کی جدوجہد میں عوام نے بے شمار قربانیاں دی ہیں اور آج بھی اپنے حق خودارادیت کے لئے پرعزم ہیں۔ حکومت آزاد کشمیر نے تعمیر و ترقی کے منصوبوں کا آغاز کیا ہے جن سے علاقے کے عوام کو روزگار کے مواقع میسر آئیں گے۔ تعلیم اور صحت کے شعبوں میں اصلاحات کی ضرورت ہے تاکہ نئی نسل کو بہتر مستقبل فراہم کیا جا سکے۔

کشمیر کی آزادی کی جدوجہد میں عوام نے بے شمار قربانیاں دی ہیں اور آج بھی اپنے حق خودارادیت کے لئے پرعزم ہیں۔ حکومت آزاد کشمیر نے تعمیر و ترقی کے منصوبوں کا آغاز کیا ہے جن سے علاقے کے عوام کو روزگار کے مواقع میسر آئیں گے۔ تعلیم اور صحت کے شعبوں میں اصلاحات کی ضرورت ہے تاکہ نئی نسل کو بہتر مستقبل فراہم کیا جا سکے۔

28

کشمیر کی آزادی کی جدوجہد میں عوام نے بے شمار قربانیاں دی ہیں اور آج بھی اپنے حق خودارادیت کے لئے پرعزم ہیں۔ حکومت آزاد کشمیر نے تعمیر و ترقی کے منصوبوں کا آغاز کیا ہے جن سے علاقے کے عوام کو روزگار کے مواقع میسر آئیں گے۔ تعلیم اور صحت کے شعبوں میں اصلاحات کی ضرورت ہے تاکہ نئی نسل کو بہتر مستقبل فراہم کیا جا سکے۔

کشمیر کی آزادی کی جدوجہد میں عوام نے بے شمار قربانیاں دی ہیں اور آج بھی اپنے حق خودارادیت کے لئے پرعزم ہیں۔ حکومت آزاد کشمیر نے تعمیر و ترقی کے منصوبوں کا آغاز کیا ہے جن سے علاقے کے عوام کو روزگار کے مواقع میسر آئیں گے۔ تعلیم اور صحت کے شعبوں میں اصلاحات کی ضرورت ہے تاکہ نئی نسل کو بہتر مستقبل فراہم کیا جا سکے۔

29

کشمیر کی آزادی کی جدوجہد میں عوام نے بے شمار قربانیاں دی ہیں اور آج بھی اپنے حق خودارادیت کے لئے پرعزم ہیں۔ حکومت آزاد کشمیر نے تعمیر و ترقی کے منصوبوں کا آغاز کیا ہے جن سے علاقے کے عوام کو روزگار کے مواقع میسر آئیں گے۔ تعلیم اور صحت کے شعبوں میں اصلاحات کی ضرورت ہے تاکہ نئی نسل کو بہتر مستقبل فراہم کیا جا سکے۔

کشمیر کی آزادی کی جدوجہد میں عوام نے بے شمار قربانیاں دی ہیں اور آج بھی اپنے حق خودارادیت کے لئے پرعزم ہیں۔ حکومت آزاد کشمیر نے تعمیر و ترقی کے منصوبوں کا آغاز کیا ہے جن سے علاقے کے عوام کو روزگار کے مواقع میسر آئیں گے۔ تعلیم اور صحت کے شعبوں میں اصلاحات کی ضرورت ہے تاکہ نئی نسل کو بہتر مستقبل فراہم کیا جا سکے۔

30

کشمیر کی آزادی کی جدوجہد میں عوام نے بے شمار قربانیاں دی ہیں اور آج بھی اپنے حق خودارادیت کے لئے پرعزم ہیں۔ حکومت آزاد کشمیر نے تعمیر و ترقی کے منصوبوں کا آغاز کیا ہے جن سے علاقے کے عوام کو روزگار کے مواقع میسر آئیں گے۔ تعلیم اور صحت کے شعبوں میں اصلاحات کی ضرورت ہے تاکہ نئی نسل کو بہتر مستقبل فراہم کیا جا سکے۔

کشمیر کی آزادی کی جدوجہد میں عوام نے بے شمار قربانیاں دی ہیں اور آج بھی اپنے حق خودارادیت کے لئے پرعزم ہیں۔ حکومت آزاد کشمیر نے تعمیر و ترقی کے منصوبوں کا آغاز کیا ہے جن سے علاقے کے عوام کو روزگار کے مواقع میسر آئیں گے۔ تعلیم اور صحت کے شعبوں میں اصلاحات کی ضرورت ہے تاکہ نئی نسل کو بہتر مستقبل فراہم کیا جا سکے۔

31

کشمیر کی آزادی کی جدوجہد میں عوام نے بے شمار قربانیاں دی ہیں اور آج بھی اپنے حق خودارادیت کے لئے پرعزم ہیں۔ حکومت آزاد کشمیر نے تعمیر و ترقی کے منصوبوں کا آغاز کیا ہے جن سے علاقے کے عوام کو روزگار کے مواقع میسر آئیں گے۔ تعلیم اور صحت کے شعبوں میں اصلاحات کی ضرورت ہے تاکہ نئی نسل کو بہتر مستقبل فراہم کیا جا سکے۔

کشمیر کی آزادی کی جدوجہد میں عوام نے بے شمار قربانیاں دی ہیں اور آج بھی اپنے حق خودارادیت کے لئے پرعزم ہیں۔ حکومت آزاد کشمیر نے تعمیر و ترقی کے منصوبوں کا آغاز کیا ہے جن سے علاقے کے عوام کو روزگار کے مواقع میسر آئیں گے۔ تعلیم اور صحت کے شعبوں میں اصلاحات کی ضرورت ہے تاکہ نئی نسل کو بہتر مستقبل فراہم کیا جا سکے۔

32

کشمیر کی آزادی کی جدوجہد میں عوام نے بے شمار قربانیاں دی ہیں اور آج بھی اپنے حق خودارادیت کے لئے پرعزم ہیں۔ حکومت آزاد کشمیر نے تعمیر و ترقی کے منصوبوں کا آغاز کیا ہے جن سے علاقے کے عوام کو روزگار کے مواقع میسر آئیں گے۔ تعلیم اور صحت کے شعبوں میں اصلاحات کی ضرورت ہے تاکہ نئی نسل کو بہتر مستقبل فراہم کیا جا سکے۔

کشمیر کی آزادی کی جدوجہد میں عوام نے بے شمار قربانیاں دی ہیں اور آج بھی اپنے حق خودارادیت کے لئے پرعزم ہیں۔ حکومت آزاد کشمیر نے تعمیر و ترقی کے منصوبوں کا آغاز کیا ہے جن سے علاقے کے عوام کو روزگار کے مواقع میسر آئیں گے۔ تعلیم اور صحت کے شعبوں میں اصلاحات کی ضرورت ہے تاکہ نئی نسل کو بہتر مستقبل فراہم کیا جا سکے۔

33

کشمیر کی آزادی کی جدوجہد میں عوام نے بے شمار قربانیاں دی ہیں اور آج بھی اپنے حق خودارادیت کے لئے پرعزم ہیں۔ حکومت آزاد کشمیر نے تعمیر و ترقی کے منصوبوں کا آغاز کیا ہے جن سے علاقے کے عوام کو روزگار کے مواقع میسر آئیں گے۔ تعلیم اور صحت کے شعبوں میں اصلاحات کی ضرورت ہے تاکہ نئی نسل کو بہتر مستقبل فراہم کیا جا سکے۔

کشمیر کی آزادی کی جدوجہد میں عوام نے بے شمار قربانیاں دی ہیں اور آج بھی اپنے حق خودارادیت کے لئے پرعزم ہیں۔ حکومت آزاد کشمیر نے تعمیر و ترقی کے منصوبوں کا آغاز کیا ہے جن سے علاقے کے عوام کو روزگار کے مواقع میسر آئیں گے۔ تعلیم اور صحت کے شعبوں میں اصلاحات کی ضرورت ہے تاکہ نئی نسل کو بہتر مستقبل فراہم کیا جا سکے۔

34

کشمیر کی آزادی کی جدوجہد میں عوام نے بے شمار قربانیاں دی ہیں اور آج بھی اپنے حق خودارادیت کے لئے پرعزم ہیں۔ حکومت آزاد کشمیر نے تعمیر و ترقی کے منصوبوں کا آغاز کیا ہے جن سے علاقے کے عوام کو روزگار کے مواقع میسر آئیں گے۔ تعلیم اور صحت کے شعبوں میں اصلاحات کی ضرورت ہے تاکہ نئی نسل کو بہتر مستقبل فراہم کیا جا سکے۔

کشمیر کی آزادی کی جدوجہد میں عوام نے بے شمار قربانیاں دی ہیں اور آج بھی اپنے حق خودارادیت کے لئے پرعزم ہیں۔ حکومت آزاد کشمیر نے تعمیر و ترقی کے منصوبوں کا آغاز کیا ہے جن سے علاقے کے عوام کو روزگار کے مواقع میسر آئیں گے۔ تعلیم اور صحت کے شعبوں میں اصلاحات کی ضرورت ہے تاکہ نئی نسل کو بہتر مستقبل فراہم کیا جا سکے۔

35

کشمیر کی آزادی کی جدوجہد میں عوام نے بے شمار قربانیاں دی ہیں اور آج بھی اپنے حق خودارادیت کے لئے پرعزم ہیں۔ حکومت آزاد کشمیر نے تعمیر و ترقی کے منصوبوں کا آغاز کیا ہے جن سے علاقے کے عوام کو روزگار کے مواقع میسر آئیں گے۔ تعلیم اور صحت کے شعبوں میں اصلاحات کی ضرورت ہے تاکہ نئی نسل کو بہتر مستقبل فراہم کیا جا سکے۔

کشمیر کی آزادی کی جدوجہد میں عوام نے بے شمار قربانیاں دی ہیں اور آج بھی اپنے حق خودارادیت کے لئے پرعزم ہیں۔ حکومت آزاد کشمیر نے تعمیر و ترقی کے منصوبوں کا آغاز کیا ہے جن سے علاقے کے عوام کو روزگار کے مواقع میسر آئیں گے۔ تعلیم اور صحت کے شعبوں میں اصلاحات کی ضرورت ہے تاکہ نئی نسل کو بہتر مستقبل فراہم کیا جا سکے۔

36

کشمیر کی آزادی کی جدوجہد میں عوام نے بے شمار قربانیاں دی ہیں اور آج بھی اپنے حق خودارادیت کے لئے پرعزم ہیں۔ حکومت آزاد کشمیر نے تعمیر و ترقی کے منصوبوں کا آغاز کیا ہے جن سے علاقے کے عوام کو روزگار کے مواقع میسر آئیں گے۔ تعلیم اور صحت کے شعبوں میں اصلاحات کی ضرورت ہے تاکہ نئی نسل کو بہتر مستقبل فراہم کیا جا سکے۔

کشمیر کی آزادی کی جدوجہد میں عوام نے بے شمار قربانیاں دی ہیں اور آج بھی اپنے حق خودارادیت کے لئے پرعزم ہیں۔ حکومت آزاد کشمیر نے تعمیر و ترقی کے منصوبوں کا آغاز کیا ہے جن سے علاقے کے عوام کو روزگار کے مواقع میسر آئیں گے۔ تعلیم اور صحت کے شعبوں میں اصلاحات کی ضرورت ہے تاکہ نئی نسل کو بہتر مستقبل فراہم کیا جا سکے۔

37

کشمیر کی آزادی کی جدوجہد میں عوام نے بے شمار قربانیاں دی ہیں اور آج بھی اپنے حق خودارادیت کے لئے پرعزم ہیں۔ حکومت آزاد کشمیر نے تعمیر و ترقی کے منصوبوں کا آغاز کیا ہے جن سے علاقے کے عوام کو روزگار کے مواقع میسر آئیں گے۔ تعلیم اور صحت کے شعبوں میں اصلاحات کی ضرورت ہے تاکہ نئی نسل کو بہتر مستقبل فراہم کیا جا سکے۔

کشمیر کی آزادی کی جدوجہد میں عوام نے بے شمار قربانیاں دی ہیں اور آج بھی اپنے حق خودارادیت کے لئے پرعزم ہیں۔ حکومت آزاد کشمیر نے تعمیر و ترقی کے منصوبوں کا آغاز کیا ہے جن سے علاقے کے عوام کو روزگار کے مواقع میسر آئیں گے۔ تعلیم اور صحت کے شعبوں میں اصلاحات کی ضرورت ہے تاکہ نئی نسل کو بہتر مستقبل فراہم کیا جا سکے۔

38

کشمیر کی آزادی کی جدوجہد میں عوام نے بے شمار قربانیاں دی ہیں اور آج بھی اپنے حق خودارادیت کے لئے پرعزم ہیں۔ حکومت آزاد کشمیر نے تعمیر و ترقی کے منصوبوں کا آغاز کیا ہے جن سے علاقے کے عوام کو روزگار کے مواقع میسر آئیں گے۔ تعلیم اور صحت کے شعبوں میں اصلاحات کی ضرورت ہے تاکہ نئی نسل کو بہتر مستقبل فراہم کیا جا سکے۔

کشمیر کی آزادی کی جدوجہد میں عوام نے بے شمار قربانیاں دی ہیں اور آج بھی اپنے حق خودارادیت کے لئے پرعزم ہیں۔ حکومت آزاد کشمیر نے تعمیر و ترقی کے منصوبوں کا آغاز کیا ہے جن سے علاقے کے عوام کو روزگار کے مواقع میسر آئیں گے۔ تعلیم اور صحت کے شعبوں میں اصلاحات کی ضرورت ہے تاکہ نئی نسل کو بہتر مستقبل فراہم کیا جا سکے۔

41

کشمیر کی آزادی کی جدوجہد میں عوام نے بے شمار قربانیاں دی ہیں اور آج بھی اپنے حق خودارادیت کے لئے پرعزم ہیں۔ حکومت آزاد کشمیر نے تعمیر و ترقی کے منصوبوں کا آغاز کیا ہے جن سے علاقے کے عوام کو روزگار کے مواقع میسر آئیں گے۔ تعلیم اور صحت کے شعبوں میں اصلاحات کی ضرورت ہے تاکہ نئی نسل کو بہتر مستقبل فراہم کیا جا سکے۔

کشمیر کی آزادی کی جدوجہد میں عوام نے بے شمار قربانیاں دی ہیں اور آج بھی اپنے حق خودارادیت کے لئے پرعزم ہیں۔ حکومت آزاد کشمیر نے تعمیر و ترقی کے منصوبوں کا آغاز کیا ہے جن سے علاقے کے عوام کو روزگار کے مواقع میسر آئیں گے۔ تعلیم اور صحت کے شعبوں میں اصلاحات کی ضرورت ہے تاکہ نئی نسل کو بہتر مستقبل فراہم کیا جا سکے۔

کشمیر کی آزادی کی جدوجہد میں عوام نے بے شمار قربانیاں دی ہیں اور آج بھی اپنے حق خودارادیت کے لئے پرعزم ہیں۔ حکومت آزاد کشمیر نے تعمیر و ترقی کے منصوبوں کا آغاز کیا ہے جن سے علاقے کے عوام کو روزگار کے مواقع میسر آئیں گے۔ تعلیم اور صحت کے شعبوں میں اصلاحات کی ضرورت ہے تاکہ نئی نسل کو بہتر مستقبل فراہم کیا جا سکے۔

42

کشمیر کی آزادی کی جدوجہد میں عوام نے بے شمار قربانیاں دی ہیں اور آج بھی اپنے حق خودارادیت کے لئے پرعزم ہیں۔ حکومت آزاد کشمیر نے تعمیر و ترقی کے منصوبوں کا آغاز کیا ہے جن سے علاقے کے عوام کو روزگار کے مواقع میسر آئیں گے۔ تعلیم اور صحت کے شعبوں میں اصلاحات کی ضرورت ہے تاکہ نئی نسل کو بہتر مستقبل فراہم کیا جا سکے۔

کشمیر کی آزادی کی جدوجہد میں عوام نے بے شمار قربانیاں دی ہیں اور آج بھی اپنے حق خودارادیت کے لئے پرعزم ہیں۔ حکومت آزاد کشمیر نے تعمیر و ترقی کے منصوبوں کا آغاز کیا ہے جن سے علاقے کے عوام کو روزگار کے مواقع میسر آئیں گے۔ تعلیم اور صحت کے شعبوں میں اصلاحات کی ضرورت ہے تاکہ نئی نسل کو بہتر مستقبل فراہم کیا جا سکے۔

کشمیر کی آزادی کی جدوجہد میں عوام نے بے شمار قربانیاں دی ہیں اور آج بھی اپنے حق خودارادیت کے لئے پرعزم ہیں۔ حکومت آزاد کشمیر نے تعمیر و ترقی کے منصوبوں کا آغاز کیا ہے جن سے علاقے کے عوام کو روزگار کے مواقع میسر آئیں گے۔ تعلیم اور صحت کے شعبوں میں اصلاحات کی ضرورت ہے تاکہ نئی نسل کو بہتر مستقبل فراہم کیا جا سکے۔

43

کشمیر کی آزادی کی جدوجہد میں عوام نے بے شمار قربانیاں دی ہیں اور آج بھی اپنے حق خودارادیت کے لئے پرعزم ہیں۔ حکومت آزاد کشمیر نے تعمیر و ترقی کے منصوبوں کا آغاز کیا ہے جن سے علاقے کے عوام کو روزگار کے مواقع میسر آئیں گے۔ تعلیم اور صحت کے شعبوں میں اصلاحات کی ضرورت ہے تاکہ نئی نسل کو بہتر مستقبل فراہم کیا جا سکے۔

کشمیر کی آزادی کی جدوجہد میں عوام نے بے شمار قربانیاں دی ہیں اور آج بھی اپنے حق خودارادیت کے لئے پرعزم ہیں۔ حکومت آزاد کشمیر نے تعمیر و ترقی کے منصوبوں کا آغاز کیا ہے جن سے علاقے کے عوام کو روزگار کے مواقع میسر آئیں گے۔ تعلیم اور صحت کے شعبوں میں اصلاحات کی ضرورت ہے تاکہ نئی نسل کو بہتر مستقبل فراہم کیا جا سکے۔

کشمیر کی آزادی کی جدوجہد میں عوام نے بے شمار قربانیاں دی ہیں اور آج بھی اپنے حق خودارادیت کے لئے پرعزم ہیں۔ حکومت آزاد کشمیر نے تعمیر و ترقی کے منصوبوں کا آغاز کیا ہے جن سے علاقے کے عوام کو روزگار کے مواقع میسر آئیں گے۔ تعلیم اور صحت کے شعبوں میں اصلاحات کی ضرورت ہے تاکہ نئی نسل کو بہتر مستقبل فراہم کیا جا سکے۔

44

کشمیر کی آزادی کی جدوجہد میں عوام نے بے شمار قربانیاں دی ہیں اور آج بھی اپنے حق خودارادیت کے لئے پرعزم ہیں۔ حکومت آزاد کشمیر نے تعمیر و ترقی کے منصوبوں کا آغاز کیا ہے جن سے علاقے کے عوام کو روزگار کے مواقع میسر آئیں گے۔ تعلیم اور صحت کے شعبوں میں اصلاحات کی ضرورت ہے تاکہ نئی نسل کو بہتر مستقبل فراہم کیا جا سکے۔

کشمیر کی آزادی کی جدوجہد میں عوام نے بے شمار قربانیاں دی ہیں اور آج بھی اپنے حق خودارادیت کے لئے پرعزم ہیں۔ حکومت آزاد کشمیر نے تعمیر و ترقی کے منصوبوں کا آغاز کیا ہے جن سے علاقے کے عوام کو روزگار کے مواقع میسر آئیں گے۔ تعلیم اور صحت کے شعبوں میں اصلاحات کی ضرورت ہے تاکہ نئی نسل کو بہتر مستقبل فراہم کیا جا سکے۔

کشمیر کی آزادی کی جدوجہد میں عوام نے بے شمار قربانیاں دی ہیں اور آج بھی اپنے حق خودارادیت کے لئے پرعزم ہیں۔ حکومت آزاد کشمیر نے تعمیر و ترقی کے منصوبوں کا آغاز کیا ہے جن سے علاقے کے عوام کو روزگار کے مواقع میسر آئیں گے۔ تعلیم اور صحت کے شعبوں میں اصلاحات کی ضرورت ہے تاکہ نئی نسل کو بہتر مستقبل فراہم کیا جا سکے۔

45

کشمیر کی آزادی کی جدوجہد میں عوام نے بے شمار قربانیاں دی ہیں اور آج بھی اپنے حق خودارادیت کے لئے پرعزم ہیں۔ حکومت آزاد کشمیر نے تعمیر و ترقی کے منصوبوں کا آغاز کیا ہے جن سے علاقے کے عوام کو روزگار کے مواقع میسر آئیں گے۔ تعلیم اور صحت کے شعبوں میں اصلاحات کی ضرورت ہے تاکہ نئی نسل کو بہتر مستقبل فراہم کیا جا سکے۔

کشمیر کی آزادی کی جدوجہد میں عوام نے بے شمار قربانیاں دی ہیں اور آج بھی اپنے حق خودارادیت کے لئے پرعزم ہیں۔ حکومت آزاد کشمیر نے تعمیر و ترقی کے منصوبوں کا آغاز کیا ہے جن سے علاقے کے عوام کو روزگار کے مواقع میسر آئیں گے۔ تعلیم اور صحت کے شعبوں میں اصلاحات کی ضرورت ہے تاکہ نئی نسل کو بہتر مستقبل فراہم کیا جا سکے۔

کشمیر کی آزادی کی جدوجہد میں عوام نے بے شمار قربانیاں دی ہیں اور آج بھی اپنے حق خودارادیت کے لئے پرعزم ہیں۔ حکومت آزاد کشمیر نے تعمیر و ترقی کے منصوبوں کا آغاز کیا ہے جن سے علاقے کے عوام کو روزگار کے مواقع میسر آئیں گے۔ تعلیم اور صحت کے شعبوں میں اصلاحات کی ضرورت ہے تاکہ نئی نسل کو بہتر مستقبل فراہم کیا جا سکے۔

46

کشمیر کی آزادی کی جدوجہد میں عوام نے بے شمار قربانیاں دی ہیں اور آج بھی اپنے حق خودارادیت کے لئے پرعزم ہیں۔ حکومت آزاد کشمیر نے تعمیر و ترقی کے منصوبوں کا آغاز کیا ہے جن سے علاقے کے عوام کو روزگار کے مواقع میسر آئیں گے۔ تعلیم اور صحت کے شعبوں میں اصلاحات کی ضرورت ہے تاکہ نئی نسل کو بہتر مستقبل فراہم کیا جا سکے۔

کشمیر کی آزادی کی جدوجہد میں عوام نے بے شمار قربانیاں دی ہیں اور آج بھی اپنے حق خودارادیت کے لئے پرعزم ہیں۔ حکومت آزاد کشمیر نے تعمیر و ترقی کے منصوبوں کا آغاز کیا ہے جن سے علاقے کے عوام کو روزگار کے مواقع میسر آئیں گے۔ تعلیم اور صحت کے شعبوں میں اصلاحات کی ضرورت ہے تاکہ نئی نسل کو بہتر مستقبل فراہم کیا جا سکے۔

کشمیر کی آزادی کی جدوجہد میں عوام نے بے شمار قربانیاں دی ہیں اور آج بھی اپنے حق خودارادیت کے لئے پرعزم ہیں۔ حکومت آزاد کشمیر نے تعمیر و ترقی کے منصوبوں کا آغاز کیا ہے جن سے علاقے کے عوام کو روزگار کے مواقع میسر آئیں گے۔ تعلیم اور صحت کے شعبوں میں اصلاحات کی ضرورت ہے تاکہ نئی نسل کو بہتر مستقبل فراہم کیا جا سکے۔

47

کشمیر کی آزادی کی جدوجہد میں عوام نے بے شمار قربانیاں دی ہیں اور آج بھی اپنے حق خودارادیت کے لئے پرعزم ہیں۔ حکومت آزاد کشمیر نے تعمیر و ترقی کے منصوبوں کا آغاز کیا ہے جن سے علاقے کے عوام کو روزگار کے مواقع میسر آئیں گے۔ تعلیم اور صحت کے شعبوں میں اصلاحات کی ضرورت ہے تاکہ نئی نسل کو بہتر مستقبل فراہم کیا جا سکے۔

کشمیر کی آزادی کی جدوجہد میں عوام نے بے شمار قربانیاں دی ہیں اور آج بھی اپنے حق خودارادیت کے لئے پرعزم ہیں۔ حکومت آزاد کشمیر نے تعمیر و ترقی کے منصوبوں کا آغاز کیا ہے جن سے علاقے کے عوام کو روزگار کے مواقع میسر آئیں گے۔ تعلیم اور صحت کے شعبوں میں اصلاحات کی ضرورت ہے تاکہ نئی نسل کو بہتر مستقبل فراہم کیا جا سکے۔

کشمیر کی آزادی کی جدوجہد میں عوام نے بے شمار قربانیاں دی ہیں اور آج بھی اپنے حق خودارادیت کے لئے پرعزم ہیں۔ حکومت آزاد کشمیر نے تعمیر و ترقی کے منصوبوں کا آغاز کیا ہے جن سے علاقے کے عوام کو روزگار کے مواقع میسر آئیں گے۔ تعلیم اور صحت کے شعبوں میں اصلاحات کی ضرورت ہے تاکہ نئی نسل کو بہتر مستقبل فراہم کیا جا سکے۔

48

کشمیر کی آزادی کی جدوجہد میں عوام نے بے شمار قربانیاں دی ہیں اور آج بھی اپنے حق خودارادیت کے لئے پرعزم ہیں۔ حکومت آزاد کشمیر نے تعمیر و ترقی کے منصوبوں کا آغاز کیا ہے جن سے علاقے کے عوام کو روزگار کے مواقع میسر آئیں گے۔ تعلیم اور صحت کے شعبوں میں اصلاحات کی ضرورت ہے تاکہ نئی نسل کو بہتر مستقبل فراہم کیا جا سکے۔

کشمیر کی آزادی کی جدوجہد میں عوام نے بے شمار قربانیاں دی ہیں اور آج بھی اپنے حق خودارادیت کے لئے پرعزم ہیں۔ حکومت آزاد کشمیر نے تعمیر و ترقی کے منصوبوں کا آغاز کیا ہے جن سے علاقے کے عوام کو روزگار کے مواقع میسر آئیں گے۔ تعلیم اور صحت کے شعبوں میں اصلاحات کی ضرورت ہے تاکہ نئی نسل کو بہتر مستقبل فراہم کیا جا سکے۔

کشمیر کی آزادی کی جدوجہد میں عوام نے بے شمار قربانیاں دی ہیں اور آج بھی اپنے حق خودارادیت کے لئے پرعزم ہیں۔ حکومت آزاد کشمیر نے تعمیر و ترقی کے منصوبوں کا آغاز کیا ہے جن سے علاقے کے عوام کو روزگار کے مواقع میسر آئیں گے۔ تعلیم اور صحت کے شعبوں میں اصلاحات کی ضرورت ہے تاکہ نئی نسل کو بہتر مستقبل فراہم کیا جا سکے۔

49

کشمیر کی آزادی کی جدوجہد میں عوام نے بے شمار قربانیاں دی ہیں اور آج بھی اپنے حق خودارادیت کے لئے پرعزم ہیں۔ حکومت آزاد کشمیر نے تعمیر و ترقی کے منصوبوں کا آغاز کیا ہے جن سے علاقے کے عوام کو روزگار کے مواقع میسر آئیں گے۔ تعلیم اور صحت کے شعبوں میں اصلاحات کی ضرورت ہے تاکہ نئی نسل کو بہتر مستقبل فراہم کیا جا سکے۔

کشمیر کی آزادی کی جدوجہد میں عوام نے بے شمار قربانیاں دی ہیں اور آج بھی اپنے حق خودارادیت کے لئے پرعزم ہیں۔ حکومت آزاد کشمیر نے تعمیر و ترقی کے منصوبوں کا آغاز کیا ہے جن سے علاقے کے عوام کو روزگار کے مواقع میسر آئیں گے۔ تعلیم اور صحت کے شعبوں میں اصلاحات کی ضرورت ہے تاکہ نئی نسل کو بہتر مستقبل فراہم کیا جا سکے۔

کشمیر کی آزادی کی جدوجہد میں عوام نے بے شمار قربانیاں دی ہیں اور آج بھی اپنے حق خودارادیت کے لئے پرعزم ہیں۔ حکومت آزاد کشمیر نے تعمیر و ترقی کے منصوبوں کا آغاز کیا ہے جن سے علاقے کے عوام کو روزگار کے مواقع میسر آئیں گے۔ تعلیم اور صحت کے شعبوں میں اصلاحات کی ضرورت ہے تاکہ نئی نسل کو بہتر مستقبل فراہم کیا جا سکے۔

50

کشمیر کی آزادی کی جدوجہد میں عوام نے بے شمار قربانیاں دی ہیں اور آج بھی اپنے حق خودارادیت کے لئے پرعزم ہیں۔ حکومت آزاد کشمیر نے تعمیر و ترقی کے منصوبوں کا آغاز کیا ہے جن سے علاقے کے عوام کو روزگار کے مواقع میسر آئیں گے۔ تعلیم اور صحت کے شعبوں میں اصلاحات کی ضرورت ہے تاکہ نئی نسل کو بہتر مستقبل فراہم کیا جا سکے۔

کشمیر کی آزادی کی جدوجہد میں عوام نے بے شمار قربانیاں دی ہیں اور آج بھی اپنے حق خودارادیت کے لئے پرعزم ہیں۔ حکومت آزاد کشمیر نے تعمیر و ترقی کے منصوبوں کا آغاز کیا ہے جن سے علاقے کے عوام کو روزگار کے مواقع میسر آئیں گے۔ تعلیم اور صحت کے شعبوں میں اصلاحات کی ضرورت ہے تاکہ نئی نسل کو بہتر مستقبل فراہم کیا جا سکے۔

کشمیر کی آزادی کی جدوجہد میں عوام نے بے شمار قربانیاں دی ہیں اور آج بھی اپنے حق خودارادیت کے لئے پرعزم ہیں۔ حکومت آزاد کشمیر نے تعمیر و ترقی کے منصوبوں کا آغاز کیا ہے جن سے علاقے کے عوام کو روزگار کے مواقع میسر آئیں گے۔ تعلیم اور صحت کے شعبوں میں اصلاحات کی ضرورت ہے تاکہ نئی نسل کو بہتر مستقبل فراہم کیا جا سکے۔

51

کشمیر کی آزادی کی جدوجہد میں عوام نے بے شمار قربانیاں دی ہیں اور آج بھی اپنے حق خودارادیت کے لئے پرعزم ہیں۔ حکومت آزاد کشمیر نے تعمیر و ترقی کے منصوبوں کا آغاز کیا ہے جن سے علاقے کے عوام کو روزگار کے مواقع میسر آئیں گے۔ تعلیم اور صحت کے شعبوں میں اصلاحات کی ضرورت ہے تاکہ نئی نسل کو بہتر مستقبل فراہم کیا جا سکے۔

کشمیر کی آزادی کی جدوجہد میں عوام نے بے شمار قربانیاں دی ہیں اور آج بھی اپنے حق خودارادیت کے لئے پرعزم ہیں۔ حکومت آزاد کشمیر نے تعمیر و ترقی کے منصوبوں کا آغاز کیا ہے جن سے علاقے کے عوام کو روزگار کے مواقع میسر آئیں گے۔ تعلیم اور صحت کے شعبوں میں اصلاحات کی ضرورت ہے تاکہ نئی نسل کو بہتر مستقبل فراہم کیا جا سکے۔

کشمیر کی آزادی کی جدوجہد میں عوام نے بے شمار قربانیاں دی ہیں اور آج بھی اپنے حق خودارادیت کے لئے پرعزم ہیں۔ حکومت آزاد کشمیر نے تعمیر و ترقی کے منصوبوں کا آغاز کیا ہے جن سے علاقے کے عوام کو روزگار کے مواقع میسر آئیں گے۔ تعلیم اور صحت کے شعبوں میں اصلاحات کی ضرورت ہے تاکہ نئی نسل کو بہتر مستقبل فراہم کیا جا سکے۔

52

کشمیر کی آزادی کی جدوجہد میں عوام نے بے شمار قربانیاں دی ہیں اور آج بھی اپنے حق خودارادیت کے لئے پرعزم ہیں۔ حکومت آزاد کشمیر نے تعمیر و ترقی کے منصوبوں کا آغاز کیا ہے جن سے علاقے کے عوام کو روزگار کے مواقع میسر آئیں گے۔ تعلیم اور صحت کے شعبوں میں اصلاحات کی ضرورت ہے تاکہ نئی نسل کو بہتر مستقبل فراہم کیا جا سکے۔

کشمیر کی آزادی کی جدوجہد میں عوام نے بے شمار قربانیاں دی ہیں اور آج بھی اپنے حق خودارادیت کے لئے پرعزم ہیں۔ حکومت آزاد کشمیر نے تعمیر و ترقی کے منصوبوں کا آغاز کیا ہے جن سے علاقے کے عوام کو روزگار کے مواقع میسر آئیں گے۔ تعلیم اور صحت کے شعبوں میں اصلاحات کی ضرورت ہے تاکہ نئی نسل کو بہتر مستقبل فراہم کیا جا سکے۔

کشمیر کی آزادی کی جدوجہد میں عوام نے بے شمار قربانیاں دی ہیں اور آج بھی اپنے حق خودارادیت کے لئے پرعزم ہیں۔ حکومت آزاد کشمیر نے تعمیر و ترقی کے منصوبوں کا آغاز کیا ہے جن سے علاقے کے عوام کو روزگار کے مواقع میسر آئیں گے۔ تعلیم اور صحت کے شعبوں میں اصلاحات کی ضرورت ہے تاکہ نئی نسل کو بہتر مستقبل فراہم کیا جا سکے۔

53

کشمیر کی آزادی کی جدوجہد میں عوام نے بے شمار قربانیاں دی ہیں اور آج بھی اپنے حق خودارادیت کے لئے پرعزم ہیں۔ حکومت آزاد کشمیر نے تعمیر و ترقی کے منصوبوں کا آغاز کیا ہے جن سے علاقے کے عوام کو روزگار کے مواقع میسر آئیں گے۔ تعلیم اور صحت کے شعبوں میں اصلاحات کی ضرورت ہے تاکہ نئی نسل کو بہتر مستقبل فراہم کیا جا سکے۔

کشمیر کی آزادی کی جدوجہد میں عوام نے بے شمار قربانیاں دی ہیں اور آج بھی اپنے حق خودارادیت کے لئے پرعزم ہیں۔ حکومت آزاد کشمیر نے تعمیر و ترقی کے منصوبوں کا آغاز کیا ہے جن سے علاقے کے عوام کو روزگار کے مواقع میسر آئیں گے۔ تعلیم اور صحت کے شعبوں میں اصلاحات کی ضرورت ہے تاکہ نئی نسل کو بہتر مستقبل فراہم کیا جا سکے۔

کشمیر کی آزادی کی جدوجہد میں عوام نے بے شمار قربانیاں دی ہیں اور آج بھی اپنے حق خودارادیت کے لئے پرعزم ہیں۔ حکومت آزاد کشمیر نے تعمیر و ترقی کے منصوبوں کا آغاز کیا ہے جن سے علاقے کے عوام کو روزگار کے مواقع میسر آئیں گے۔ تعلیم اور صحت کے شعبوں میں اصلاحات کی ضرورت ہے تاکہ نئی نسل کو بہتر مستقبل فراہم کیا جا سکے۔

54

کشمیر کی آزادی کی جدوجہد میں عوام نے بے شمار قربانیاں دی ہیں اور آج بھی اپنے حق خودارادیت کے لئے پرعزم ہیں۔ حکومت آزاد کشمیر نے تعمیر و ترقی کے منصوبوں کا آغاز کیا ہے جن سے علاقے کے عوام کو روزگار کے مواقع میسر آئیں گے۔ تعلیم اور صحت کے شعبوں میں اصلاحات کی ضرورت ہے تاکہ نئی نسل کو بہتر مستقبل فراہم کیا جا سکے۔

کشمیر کی آزادی کی جدوجہد میں عوام نے بے شمار قربانیاں دی ہیں اور آج بھی اپنے حق خودارادیت کے لئے پرعزم ہیں۔ حکومت آزاد کشمیر نے تعمیر و ترقی کے منصوبوں کا آغاز کیا ہے جن سے علاقے کے عوام کو روزگار کے مواقع میسر آئیں گے۔ تعلیم اور صحت کے شعبوں میں اصلاحات کی ضرورت ہے تاکہ نئی نسل کو بہتر مستقبل فراہم کیا جا سکے۔

کشمیر کی آزادی کی جدوجہد میں عوام نے بے شمار قربانیاں دی ہیں اور آج بھی اپنے حق خودارادیت کے لئے پرعزم ہیں۔ حکومت آزاد کشمیر نے تعمیر و ترقی کے منصوبوں کا آغاز کیا ہے جن سے علاقے کے عوام کو روزگار کے مواقع میسر آئیں گے۔ تعلیم اور صحت کے شعبوں میں اصلاحات کی ضرورت ہے تاکہ نئی نسل کو بہتر مستقبل فراہم کیا جا سکے۔

55

کشمیر کی آزادی کی جدوجہد میں عوام نے بے شمار قربانیاں دی ہیں اور آج بھی اپنے حق خودارادیت کے لئے پرعزم ہیں۔ حکومت آزاد کشمیر نے تعمیر و ترقی کے منصوبوں کا آغاز کیا ہے جن سے علاقے کے عوام کو روزگار کے مواقع میسر آئیں گے۔ تعلیم اور صحت کے شعبوں میں اصلاحات کی ضرورت ہے تاکہ نئی نسل کو بہتر مستقبل فراہم کیا جا سکے۔

کشمیر کی آزادی کی جدوجہد میں عوام نے بے شمار قربانیاں دی ہیں اور آج بھی اپنے حق خودارادیت کے لئے پرعزم ہیں۔ حکومت آزاد کشمیر نے تعمیر و ترقی کے منصوبوں کا آغاز کیا ہے جن سے علاقے کے عوام کو روزگار کے مواقع میسر آئیں گے۔ تعلیم اور صحت کے شعبوں میں اصلاحات کی ضرورت ہے تاکہ نئی نسل کو بہتر مستقبل فراہم کیا جا سکے۔

کشمیر کی آزادی کی جدوجہد میں عوام نے بے شمار قربانیاں دی ہیں اور آج بھی اپنے حق خودارادیت کے لئے پرعزم ہیں۔ حکومت آزاد کشمیر نے تعمیر و ترقی کے منصوبوں کا آغاز کیا ہے جن سے علاقے کے عوام کو روزگار کے مواقع میسر آئیں گے۔ تعلیم اور صحت کے شعبوں میں اصلاحات کی ضرورت ہے تاکہ نئی نسل کو بہتر مستقبل فراہم کیا جا سکے۔

56

کشمیر کی آزادی کی جدوجہد میں عوام نے بے شمار قربانیاں دی ہیں اور آج بھی اپنے حق خودارادیت کے لئے پرعزم ہیں۔ حکومت آزاد کشمیر نے تعمیر و ترقی کے منصوبوں کا آغاز کیا ہے جن سے علاقے کے عوام کو روزگار کے مواقع میسر آئیں گے۔ تعلیم اور صحت کے شعبوں میں اصلاحات کی ضرورت ہے تاکہ نئی نسل کو بہتر مستقبل فراہم کیا جا سکے۔

کشمیر کی آزادی کی جدوجہد میں عوام نے بے شمار قربانیاں دی ہیں اور آج بھی اپنے حق خودارادیت کے لئے پرعزم ہیں۔ حکومت آزاد کشمیر نے تعمیر و ترقی کے منصوبوں کا آغاز کیا ہے جن سے علاقے کے عوام کو روزگار کے مواقع میسر آئیں گے۔ تعلیم اور صحت کے شعبوں میں اصلاحات کی ضرورت ہے تاکہ نئی نسل کو بہتر مستقبل فراہم کیا جا سکے۔

کشمیر کی آزادی کی جدوجہد میں عوام نے بے شمار قربانیاں دی ہیں اور آج بھی اپنے حق خودارادیت کے لئے پرعزم ہیں۔ حکومت آزاد کشمیر نے تعمیر و ترقی کے منصوبوں کا آغاز کیا ہے جن سے علاقے کے عوام کو روزگار کے مواقع میسر آئیں گے۔ تعلیم اور صحت کے شعبوں میں اصلاحات کی ضرورت ہے تاکہ نئی نسل کو بہتر مستقبل فراہم کیا جا سکے۔

57

کشمیر کی آزادی کی جدوجہد میں عوام نے بے شمار قربانیاں دی ہیں اور آج بھی اپنے حق خودارادیت کے لئے پرعزم ہیں۔ حکومت آزاد کشمیر نے تعمیر و ترقی کے منصوبوں کا آغاز کیا ہے جن سے علاقے کے عوام کو روزگار کے مواقع میسر آئیں گے۔ تعلیم اور صحت کے شعبوں میں اصلاحات کی ضرورت ہے تاکہ نئی نسل کو بہتر مستقبل فراہم کیا جا سکے۔

کشمیر کی آزادی کی جدوجہد میں عوام نے بے شمار قربانیاں دی ہیں اور آج بھی اپنے حق خودارادیت کے لئے پرعزم ہیں۔ حکومت آزاد کشمیر نے تعمیر و ترقی کے منصوبوں کا آغاز کیا ہے جن سے علاقے کے عوام کو روزگار کے مواقع میسر آئیں گے۔ تعلیم اور صحت کے شعبوں میں اصلاحات کی ضرورت ہے تاکہ نئی نسل کو بہتر مستقبل فراہم کیا جا سکے۔

کشمیر کی آزادی کی جدوجہد میں عوام نے بے شمار قربانیاں دی ہیں اور آج بھی اپنے حق خودارادیت کے لئے پرعزم ہیں۔ حکومت آزاد کشمیر نے تعمیر و ترقی کے منصوبوں کا آغاز کیا ہے جن سے علاقے کے عوام کو روزگار کے مواقع میسر آئیں گے۔ تعلیم اور صحت کے شعبوں میں اصلاحات کی ضرورت ہے تاکہ نئی نسل کو بہتر مستقبل فراہم کیا جا سکے۔

58

کشمیر کی آزادی کی جدوجہد میں عوام نے بے شمار قربانیاں دی ہیں اور آج بھی اپنے حق خودارادیت کے لئے پرعزم ہیں۔ حکومت آزاد کشمیر نے تعمیر و ترقی کے منصوبوں کا آغاز کیا ہے جن سے علاقے کے عوام کو روزگار کے مواقع میسر آئیں گے۔ تعلیم اور صحت کے شعبوں میں اصلاحات کی ضرورت ہے تاکہ نئی نسل کو بہتر مستقبل فراہم کیا جا سکے۔

کشمیر کی آزادی کی جدوجہد میں عوام نے بے شمار قربانیاں دی ہیں اور آج بھی اپنے حق خودارادیت کے لئے پرعزم ہیں۔ حکومت آزاد کشمیر نے تعمیر و ترقی کے منصوبوں کا آغاز کیا ہے جن سے علاقے کے عوام کو روزگار کے مواقع میسر آئیں گے۔ تعلیم اور صحت کے شعبوں میں اصلاحات کی ضرورت ہے تاکہ نئی نسل کو بہتر مستقبل فراہم کیا جا سکے۔

کشمیر کی آزادی کی جدوجہد میں عوام نے بے شمار قربانیاں دی ہیں اور آج بھی اپنے حق خودارادیت کے لئے پرعزم ہیں۔ حکومت آزاد کشمیر نے تعمیر و ترقی کے منصوبوں کا آغاز کیا ہے جن سے علاقے کے عوام کو روزگار کے مواقع میسر آئیں گے۔ تعلیم اور صحت کے شعبوں میں اصلاحات کی ضرورت ہے تاکہ نئی نسل کو بہتر مستقبل فراہم کیا جا سکے۔

59

کشمیر کی آزادی کی جدوجہد میں عوام نے بے شمار قربانیاں دی ہیں اور آج بھی اپنے حق خودارادیت کے لئے پرعزم ہیں۔ حکومت آزاد کشمیر نے تعمیر و ترقی کے منصوبوں کا آغاز کیا ہے جن سے علاقے کے عوام کو روزگار کے مواقع میسر آئیں گے۔ تعلیم اور صحت کے شعبوں میں اصلاحات کی ضرورت ہے تاکہ نئی نسل کو بہتر مستقبل فراہم کیا جا سکے۔

کشمیر کی آزادی کی جدوجہد میں عوام نے بے شمار قربانیاں دی ہیں اور آج بھی اپنے حق خودارادیت کے لئے پرعزم ہیں۔ حکومت آزاد کشمیر نے تعمیر و ترقی کے منصوبوں کا آغاز کیا ہے جن سے علاقے کے عوام کو روزگار کے مواقع میسر آئیں گے۔ تعلیم اور صحت کے شعبوں میں اصلاحات کی ضرورت ہے تاکہ نئی نسل کو بہتر مستقبل فراہم کیا جا سکے۔

کشمیر کی آزادی کی جدوجہد میں عوام نے بے شمار قربانیاں دی ہیں اور آج بھی اپنے حق خودارادیت کے لئے پرعزم ہیں۔ حکومت آزاد کشمیر نے تعمیر و ترقی کے منصوبوں کا آغاز کیا ہے جن سے علاقے کے عوام کو روزگار کے مواقع میسر آئیں گے۔ تعلیم اور صحت کے شعبوں میں اصلاحات کی ضرورت ہے تاکہ نئی نسل کو بہتر مستقبل فراہم کیا جا سکے۔

60

کشمیر کی آزادی کی جدوجہد میں عوام نے بے شمار قربانیاں دی ہیں اور آج بھی اپنے حق خودارادیت کے لئے پرعزم ہیں۔ حکومت آزاد کشمیر نے تعمیر و ترقی کے منصوبوں کا آغاز کیا ہے جن سے علاقے کے عوام کو روزگار کے مواقع میسر آئیں گے۔ تعلیم اور صحت کے شعبوں میں اصلاحات کی ضرورت ہے تاکہ نئی نسل کو بہتر مستقبل فراہم کیا جا سکے۔

کشمیر کی آزادی کی جدوجہد میں عوام نے بے شمار قربانیاں دی ہیں اور آج بھی اپنے حق خودارادیت کے لئے پرعزم ہیں۔ حکومت آزاد کشمیر نے تعمیر و ترقی کے منصوبوں کا آغاز کیا ہے جن سے علاقے کے عوام کو روزگار کے مواقع میسر آئیں گے۔ تعلیم اور صحت کے شعبوں میں اصلاحات کی ضرورت ہے تاکہ نئی نسل کو بہتر مستقبل فراہم کیا جا سکے۔

کشمیر کی آزادی کی جدوجہد میں عوام نے بے شمار قربانیاں دی ہیں اور آج بھی اپنے حق خودارادیت کے لئے پرعزم ہیں۔ حکومت آزاد کشمیر نے تعمیر و ترقی کے منصوبوں کا آغاز کیا ہے جن سے علاقے کے عوام کو روزگار کے مواقع میسر آئیں گے۔ تعلیم اور صحت کے شعبوں میں اصلاحات کی ضرورت ہے تاکہ نئی نسل کو بہتر مستقبل فراہم کیا جا سکے۔

61

کشمیر کی آزادی کی جدوجہد میں عوام نے بے شمار قربانیاں دی ہیں اور آج بھی اپنے حق خودارادیت کے لئے پرعزم ہیں۔ حکومت آزاد کشمیر نے تعمیر و ترقی کے منصوبوں کا آغاز کیا ہے جن سے علاقے کے عوام کو روزگار کے مواقع میسر آئیں گے۔ تعلیم اور صحت کے شعبوں میں اصلاحات کی ضرورت ہے تاکہ نئی نسل کو بہتر مستقبل فراہم کیا جا سکے۔

کشمیر کی آزادی کی جدوجہد میں عوام نے بے شمار قربانیاں دی ہیں اور آج بھی اپنے حق خودارادیت کے لئے پرعزم ہیں۔ حکومت آزاد کشمیر نے تعمیر و ترقی کے منصوبوں کا آغاز کیا ہے جن سے علاقے کے عوام کو روزگار کے مواقع میسر آئیں گے۔ تعلیم اور صحت کے شعبوں میں اصلاحات کی ضرورت ہے تاکہ نئی نسل کو بہتر مستقبل فراہم کیا جا سکے۔

62

کشمیر کی آزادی کی جدوجہد میں عوام نے بے شمار قربانیاں دی ہیں اور آج بھی اپنے حق خودارادیت کے لئے پرعزم ہیں۔ حکومت آزاد کشمیر نے تعمیر و ترقی کے منصوبوں کا آغاز کیا ہے جن سے علاقے کے عوام کو روزگار کے مواقع میسر آئیں گے۔ تعلیم اور صحت کے شعبوں میں اصلاحات کی ضرورت ہے تاکہ نئی نسل کو بہتر مستقبل فراہم کیا جا سکے۔

کشمیر کی آزادی کی جدوجہد میں عوام نے بے شمار قربانیاں دی ہیں اور آج بھی اپنے حق خودارادیت کے لئے پرعزم ہیں۔ حکومت آزاد کشمیر نے تعمیر و ترقی کے منصوبوں کا آغاز کیا ہے جن سے علاقے کے عوام کو روزگار کے مواقع میسر آئیں گے۔ تعلیم اور صحت کے شعبوں میں اصلاحات کی ضرورت ہے تاکہ نئی نسل کو بہتر مستقبل فراہم کیا جا سکے۔

63

کشمیر کی آزادی کی جدوجہد میں عوام نے بے شمار قربانیاں دی ہیں اور آج بھی اپنے حق خودارادیت کے لئے پرعزم ہیں۔ حکومت آزاد کشمیر نے تعمیر و ترقی کے منصوبوں کا آغاز کیا ہے جن سے علاقے کے عوام کو روزگار کے مواقع میسر آئیں گے۔ تعلیم اور صحت کے شعبوں میں اصلاحات کی ضرورت ہے تاکہ نئی نسل کو بہتر مستقبل فراہم کیا جا سکے۔

کشمیر کی آزادی کی جدوجہد میں عوام نے بے شمار قربانیاں دی ہیں اور آج بھی اپنے حق خودارادیت کے لئے پرعزم ہیں۔ حکومت آزاد کشمیر نے تعمیر و ترقی کے منصوبوں کا آغاز کیا ہے جن سے علاقے کے عوام کو روزگار کے مواقع میسر آئیں گے۔ تعلیم اور صحت کے شعبوں میں اصلاحات کی ضرورت ہے تاکہ نئی نسل کو بہتر مستقبل فراہم کیا جا سکے۔

64

کشمیر کی آزادی کی جدوجہد میں عوام نے بے شمار قربانیاں دی ہیں اور آج بھی اپنے حق خودارادیت کے لئے پرعزم ہیں۔ حکومت آزاد کشمیر نے تعمیر و ترقی کے منصوبوں کا آغاز کیا ہے جن سے علاقے کے عوام کو روزگار کے مواقع میسر آئیں گے۔ تعلیم اور صحت کے شعبوں میں اصلاحات کی ضرورت ہے تاکہ نئی نسل کو بہتر مستقبل فراہم کیا جا سکے۔

کشمیر کی آزادی کی جدوجہد میں عوام نے بے شمار قربانیاں دی ہیں اور آج بھی اپنے حق خودارادیت کے لئے پرعزم ہیں۔ حکومت آزاد کشمیر نے تعمیر و ترقی کے منصوبوں کا آغاز کیا ہے جن سے علاقے کے عوام کو روزگار کے مواقع میسر آئیں گے۔ تعلیم اور صحت کے شعبوں میں اصلاحات کی ضرورت ہے تاکہ نئی نسل کو بہتر مستقبل فراہم کیا جا سکے۔

65

کشمیر کی آزادی کی جدوجہد میں عوام نے بے شمار قربانیاں دی ہیں اور آج بھی اپنے حق خودارادیت کے لئے پرعزم ہیں۔ حکومت آزاد کشمیر نے تعمیر و ترقی کے منصوبوں کا آغاز کیا ہے جن سے علاقے کے عوام کو روزگار کے مواقع میسر آئیں گے۔ تعلیم اور صحت کے شعبوں میں اصلاحات کی ضرورت ہے تاکہ نئی نسل کو بہتر مستقبل فراہم کیا جا سکے۔

کشمیر کی آزادی کی جدوجہد میں عوام نے بے شمار قربانیاں دی ہیں اور آج بھی اپنے حق خودارادیت کے لئے پرعزم ہیں۔ حکومت آزاد کشمیر نے تعمیر و ترقی کے منصوبوں کا آغاز کیا ہے جن سے علاقے کے عوام کو روزگار کے مواقع میسر آئیں گے۔ تعلیم اور صحت کے شعبوں میں اصلاحات کی ضرورت ہے تاکہ نئی نسل کو بہتر مستقبل فراہم کیا جا سکے۔

66

کشمیر کی آزادی کی جدوجہد میں عوام نے بے شمار قربانیاں دی ہیں اور آج بھی اپنے حق خودارادیت کے لئے پرعزم ہیں۔ حکومت آزاد کشمیر نے تعمیر و ترقی کے منصوبوں کا آغاز کیا ہے جن سے علاقے کے عوام کو روزگار کے مواقع میسر آئیں گے۔ تعلیم اور صحت کے شعبوں میں اصلاحات کی ضرورت ہے تاکہ نئی نسل کو بہتر مستقبل فراہم کیا جا سکے۔

کشمیر کی آزادی کی جدوجہد میں عوام نے بے شمار قربانیاں دی ہیں اور آج بھی اپنے حق خودارادیت کے لئے پرعزم ہیں۔ حکومت آزاد کشمیر نے تعمیر و ترقی کے منصوبوں کا آغاز کیا ہے جن سے علاقے کے عوام کو روزگار کے مواقع میسر آئیں گے۔ تعلیم اور صحت کے شعبوں میں اصلاحات کی ضرورت ہے تاکہ نئی نسل کو بہتر مستقبل فراہم کیا جا سکے۔

67

کشمیر کی آزادی کی جدوجہد میں عوام نے بے شمار قربانیاں دی ہیں اور آج بھی اپنے حق خودارادیت کے لئے پرعزم ہیں۔ حکومت آزاد کشمیر نے تعمیر و ترقی کے منصوبوں کا آغاز کیا ہے جن سے علاقے کے عوام کو روزگار کے مواقع میسر آئیں گے۔ تعلیم اور صحت کے شعبوں میں اصلاحات کی ضرورت ہے تاکہ نئی نسل کو بہتر مستقبل فراہم کیا جا سکے۔

کشمیر کی آزادی کی جدوجہد میں عوام نے بے شمار قربانیاں دی ہیں اور آج بھی اپنے حق خودارادیت کے لئے پرعزم ہیں۔ حکومت آزاد کشمیر نے تعمیر و ترقی کے منصوبوں کا آغاز کیا ہے جن سے علاقے کے عوام کو روزگار کے مواقع میسر آئیں گے۔ تعلیم اور صحت کے شعبوں میں اصلاحات کی ضرورت ہے تاکہ نئی نسل کو بہتر مستقبل فراہم کیا جا سکے۔

68

کشمیر کی آزادی کی جدوجہد میں عوام نے بے شمار قربانیاں دی ہیں اور آج بھی اپنے حق خودارادیت کے لئے پرعزم ہیں۔ حکومت آزاد کشمیر نے تعمیر و ترقی کے منصوبوں کا آغاز کیا ہے جن سے علاقے کے عوام کو روزگار کے مواقع میسر آئیں گے۔ تعلیم اور صحت کے شعبوں میں اصلاحات کی ضرورت ہے تاکہ نئی نسل کو بہتر مستقبل فراہم کیا جا سکے۔

کشمیر کی آزادی کی جدوجہد میں عوام نے بے شمار قربانیاں دی ہیں اور آج بھی اپنے حق خودارادیت کے لئے پرعزم ہیں۔ حکومت آزاد کشمیر نے تعمیر و ترقی کے منصوبوں کا آغاز کیا ہے جن سے علاقے کے عوام کو روزگار کے مواقع میسر آئیں گے۔ تعلیم اور صحت کے شعبوں میں اصلاحات کی ضرورت ہے تاکہ نئی نسل کو بہتر مستقبل فراہم کیا جا سکے۔

69

کشمیر کی آزادی کی جدوجہد میں عوام نے بے شمار قربانیاں دی ہیں اور آج بھی اپنے حق خودارادیت کے لئے پرعزم ہیں۔ حکومت آزاد کشمیر نے تعمیر و ترقی کے منصوبوں کا آغاز کیا ہے جن سے علاقے کے عوام کو روزگار کے مواقع میسر آئیں گے۔ تعلیم اور صحت کے شعبوں میں اصلاحات کی ضرورت ہے تاکہ نئی نسل کو بہتر مستقبل فراہم کیا جا سکے۔

کشمیر کی آزادی کی جدوجہد میں عوام نے بے شمار قربانیاں دی ہیں اور آج بھی اپنے حق خودارادیت کے لئے پرعزم ہیں۔ حکومت آزاد کشمیر نے تعمیر و ترقی کے منصوبوں کا آغاز کیا ہے جن سے علاقے کے عوام کو روزگار کے مواقع میسر آئیں گے۔ تعلیم اور صحت کے شعبوں میں اصلاحات کی ضرورت ہے تاکہ نئی نسل کو بہتر مستقبل فراہم کیا جا سکے۔

70

کشمیر کی آزادی کی جدوجہد میں عوام نے بے شمار قربانیاں دی ہیں اور آج بھی اپنے حق خودارادیت کے لئے پرعزم ہیں۔ حکومت آزاد کشمیر نے تعمیر و ترقی کے منصوبوں کا آغاز کیا ہے جن سے علاقے کے عوام کو روزگار کے مواقع میسر آئیں گے۔ تعلیم اور صحت کے شعبوں میں اصلاحات کی ضرورت ہے تاکہ نئی نسل کو بہتر مستقبل فراہم کیا جا سکے۔

کشمیر کی آزادی کی جدوجہد میں عوام نے بے شمار قربانیاں دی ہیں اور آج بھی اپنے حق خودارادیت کے لئے پرعزم ہیں۔ حکومت آزاد کشمیر نے تعمیر و ترقی کے منصوبوں کا آغاز کیا ہے جن سے علاقے کے عوام کو روزگار کے مواقع میسر آئیں گے۔ تعلیم اور صحت کے شعبوں میں اصلاحات کی ضرورت ہے تاکہ نئی نسل کو بہتر مستقبل فراہم کیا جا سکے۔

71

کشمیر کی آزادی کی جدوجہد میں عوام نے بے شمار قربانیاں دی ہیں اور آج بھی اپنے حق خودارادیت کے لئے پرعزم ہیں۔ حکومت آزاد کشمیر نے تعمیر و ترقی کے منصوبوں کا آغاز کیا ہے جن سے علاقے کے عوام کو روزگار کے مواقع میسر آئیں گے۔ تعلیم اور صحت کے شعبوں میں اصلاحات کی ضرورت ہے تاکہ نئی نسل کو بہتر مستقبل فراہم کیا جا سکے۔

کشمیر کی آزادی کی جدوجہد میں عوام نے بے شمار قربانیاں دی ہیں اور آج بھی اپنے حق خودارادیت کے لئے پرعزم ہیں۔ حکومت آزاد کشمیر نے تعمیر و ترقی کے منصوبوں کا آغاز کیا ہے جن سے علاقے کے عوام کو روزگار کے مواقع میسر آئیں گے۔ تعلیم اور صحت کے شعبوں میں اصلاحات کی ضرورت ہے تاکہ نئی نسل کو بہتر مستقبل فراہم کیا جا سکے۔

72

کشمیر کی آزادی کی جدوجہد میں عوام نے بے شمار قربانیاں دی ہیں اور آج بھی اپنے حق خودارادیت کے لئے پرعزم ہیں۔ حکومت آزاد کشمیر نے تعمیر و ترقی کے منصوبوں کا آغاز کیا ہے جن سے علاقے کے عوام کو روزگار کے مواقع میسر آئیں گے۔ تعلیم اور صحت کے شعبوں میں اصلاحات کی ضرورت ہے تاکہ نئی نسل کو بہتر مستقبل فراہم کیا جا سکے۔

کشمیر کی آزادی کی جدوجہد میں عوام نے بے شمار قربانیاں دی ہیں اور آج بھی اپنے حق خودارادیت کے لئے پرعزم ہیں۔ حکومت آزاد کشمیر نے تعمیر و ترقی کے منصوبوں کا آغاز کیا ہے جن سے علاقے کے عوام کو روزگار کے مواقع میسر آئیں گے۔ تعلیم اور صحت کے شعبوں میں اصلاحات کی ضرورت ہے تاکہ نئی نسل کو بہتر مستقبل فراہم کیا جا سکے۔

73

کشمیر کی آزادی کی جدوجہد میں عوام نے بے شمار قربانیاں دی ہیں اور آج بھی اپنے حق خودارادیت کے لئے پرعزم ہیں۔ حکومت آزاد کشمیر نے تعمیر و ترقی کے منصوبوں کا آغاز کیا ہے جن سے علاقے کے عوام کو روزگار کے مواقع میسر آئیں گے۔ تعلیم اور صحت کے شعبوں میں اصلاحات کی ضرورت ہے تاکہ نئی نسل کو بہتر مستقبل فراہم کیا جا سکے۔

کشمیر کی آزادی کی جدوجہد میں عوام نے بے شمار قربانیاں دی ہیں اور آج بھی اپنے حق خودارادیت کے لئے پرعزم ہیں۔ حکومت آزاد کشمیر نے تعمیر و ترقی کے منصوبوں کا آغاز کیا ہے جن سے علاقے کے عوام کو روزگار کے مواقع میسر آئیں گے۔ تعلیم اور صحت کے شعبوں میں اصلاحات کی ضرورت ہے تاکہ نئی نسل کو بہتر مستقبل فراہم کیا جا سکے۔

74

کشمیر کی آزادی کی جدوجہد میں عوام نے بے شمار قربانیاں دی ہیں اور آج بھی اپنے حق خودارادیت کے لئے پرعزم ہیں۔ حکومت آزاد کشمیر نے تعمیر و ترقی کے منصوبوں کا آغاز کیا ہے جن سے علاقے کے عوام کو روزگار کے مواقع میسر آئیں گے۔ تعلیم اور صحت کے شعبوں میں اصلاحات کی ضرورت ہے تاکہ نئی نسل کو بہتر مستقبل فراہم کیا جا سکے۔

کشمیر کی آزادی کی جدوجہد میں عوام نے بے شمار قربانیاں دی ہیں اور آج بھی اپنے حق خودارادیت کے لئے پرعزم ہیں۔ حکومت آزاد کشمیر نے تعمیر و ترقی کے منصوبوں کا آغاز کیا ہے جن سے علاقے کے عوام کو روزگار کے مواقع میسر آئیں گے۔ تعلیم اور صحت کے شعبوں میں اصلاحات کی ضرورت ہے تاکہ نئی نسل کو بہتر مستقبل فراہم کیا جا سکے۔

75

کشمیر کی آزادی کی جدوجہد میں عوام نے بے شمار قربانیاں دی ہیں اور آج بھی اپنے حق خودارادیت کے لئے پرعزم ہیں۔ حکومت آزاد کشمیر نے تعمیر و ترقی کے منصوبوں کا آغاز کیا ہے جن سے علاقے کے عوام کو روزگار کے مواقع میسر آئیں گے۔ تعلیم اور صحت کے شعبوں میں اصلاحات کی ضرورت ہے تاکہ نئی نسل کو بہتر مستقبل فراہم کیا جا سکے۔

کشمیر کی آزادی کی جدوجہد میں عوام نے بے شمار قربانیاں دی ہیں اور آج بھی اپنے حق خودارادیت کے لئے پرعزم ہیں۔ حکومت آزاد کشمیر نے تعمیر و ترقی کے منصوبوں کا آغاز کیا ہے جن سے علاقے کے عوام کو روزگار کے مواقع میسر آئیں گے۔ تعلیم اور صحت کے شعبوں میں اصلاحات کی ضرورت ہے تاکہ نئی نسل کو بہتر مستقبل فراہم کیا جا سکے۔

76

کشمیر کی آزادی کی جدوجہد میں عوام نے بے شمار قربانیاں دی ہیں اور آج بھی اپنے حق خودارادیت کے لئے پرعزم ہیں۔ حکومت آزاد کشمیر نے تعمیر و ترقی کے منصوبوں کا آغاز کیا ہے جن سے علاقے کے عوام کو روزگار کے مواقع میسر آئیں گے۔ تعلیم اور صحت کے شعبوں میں اصلاحات کی ضرورت ہے تاکہ نئی نسل کو بہتر مستقبل فراہم کیا جا سکے۔

کشمیر کی آزادی کی جدوجہد میں عوام نے بے شمار قربانیاں دی ہیں اور آج بھی اپنے حق خودارادیت کے لئے پرعزم ہیں۔ حکومت آزاد کشمیر نے تعمیر و ترقی کے منصوبوں کا آغاز کیا ہے جن سے علاقے کے عوام کو روزگار کے مواقع میسر آئیں گے۔ تعلیم اور صحت کے شعبوں میں اصلاحات کی ضرورت ہے تاکہ نئی نسل کو بہتر مستقبل فراہم کیا جا سکے۔

77

کشمیر کی آزادی کی جدوجہد میں عوام نے بے شمار قربانیاں دی ہیں اور آج بھی اپنے حق خودارادیت کے لئے پرعزم ہیں۔ حکومت آزاد کشمیر نے تعمیر و ترقی کے منصوبوں کا آغاز کیا ہے جن سے علاقے کے عوام کو روزگار کے مواقع میسر آئیں گے۔ تعلیم اور صحت کے شعبوں میں اصلاحات کی ضرورت ہے تاکہ نئی نسل کو بہتر مستقبل فراہم کیا جا سکے۔

کشمیر کی آزادی کی جدوجہد میں عوام نے بے شمار قربانیاں دی ہیں اور آج بھی اپنے حق خودارادیت کے لئے پرعزم ہیں۔ حکومت آزاد کشمیر نے تعمیر و ترقی کے منصوبوں کا آغاز کیا ہے جن سے علاقے کے عوام کو روزگار کے مواقع میسر آئیں گے۔ تعلیم اور صحت کے شعبوں میں اصلاحات کی ضرورت ہے تاکہ نئی نسل کو بہتر مستقبل فراہم کیا جا سکے۔

78

کشمیر کی آزادی کی جدوجہد میں عوام نے بے شمار قربانیاں دی ہیں اور آج بھی اپنے حق خودارادیت کے لئے پرعزم ہیں۔ حکومت آزاد کشمیر نے تعمیر و ترقی کے منصوبوں کا آغاز کیا ہے جن سے علاقے کے عوام کو روزگار کے مواقع میسر آئیں گے۔ تعلیم اور صحت کے شعبوں میں اصلاحات کی ضرورت ہے تاکہ نئی نسل کو بہتر مستقبل فراہم کیا جا سکے۔

کشمیر کی آزادی کی جدوجہد میں عوام نے بے شمار قربانیاں دی ہیں اور آج بھی اپنے حق خودارادیت کے لئے پرعزم ہیں۔ حکومت آزاد کشمیر نے تعمیر و ترقی کے منصوبوں کا آغاز کیا ہے جن سے علاقے کے عوام کو روزگار کے مواقع میسر آئیں گے۔ تعلیم اور صحت کے شعبوں میں اصلاحات کی ضرورت ہے تاکہ نئی نسل کو بہتر مستقبل فراہم کیا جا سکے۔

79

کشمیر کی آزادی کی جدوجہد میں عوام نے بے شمار قربانیاں دی ہیں اور آج بھی اپنے حق خودارادیت کے لئے پرعزم ہیں۔ حکومت آزاد کشمیر نے تعمیر و ترقی کے منصوبوں کا آغاز کیا ہے جن سے علاقے کے عوام کو روزگار کے مواقع میسر آئیں گے۔ تعلیم اور صحت کے شعبوں میں اصلاحات کی ضرورت ہے تاکہ نئی نسل کو بہتر مستقبل فراہم کیا جا سکے۔

کشمیر کی آزادی کی جدوجہد میں عوام نے بے شمار قربانیاں دی ہیں اور آج بھی اپنے حق خودارادیت کے لئے پرعزم ہیں۔ حکومت آزاد کشمیر نے تعمیر و ترقی کے منصوبوں کا آغاز کیا ہے جن سے علاقے کے عوام کو روزگار کے مواقع میسر آئیں گے۔ تعلیم اور صحت کے شعبوں میں اصلاحات کی ضرورت ہے تاکہ نئی نسل کو بہتر مستقبل فراہم کیا جا سکے۔

80

کشمیر کی آزادی کی جدوجہد میں عوام نے بے شمار قربانیاں دی ہیں اور آج بھی اپنے حق خودارادیت کے لئے پرعزم ہیں۔ حکومت آزاد کشمیر نے تعمیر و ترقی کے منصوبوں کا آغاز کیا ہے جن سے علاقے کے عوام کو روزگار کے مواقع میسر آئیں گے۔ تعلیم اور صحت کے شعبوں میں اصلاحات کی ضرورت ہے تاکہ نئی نسل کو بہتر مستقبل فراہم کیا جا سکے۔

کشمیر کی آزادی کی جدوجہد میں عوام نے بے شمار قربانیاں دی ہیں اور آج بھی اپنے حق خودارادیت کے لئے پرعزم ہیں۔ حکومت آزاد کشمیر نے تعمیر و ترقی کے منصوبوں کا آغاز کیا ہے جن سے علاقے کے عوام کو روزگار کے مواقع میسر آئیں گے۔ تعلیم اور صحت کے شعبوں میں اصلاحات کی ضرورت ہے تاکہ نئی نسل کو بہتر مستقبل فراہم کیا جا سکے۔

81

کشمیر کی آزادی کی جدوجہد میں عوام نے بے شمار قربانیاں دی ہیں اور آج بھی اپنے حق خودارادیت کے لئے پرعزم ہیں۔ حکومت آزاد کشمیر نے تعمیر و ترقی کے منصوبوں کا آغاز کیا ہے جن سے علاقے کے عوام کو روزگار کے مواقع میسر آئیں گے۔ تعلیم اور صحت کے شعبوں میں اصلاحات کی ضرورت ہے تاکہ نئی نسل کو بہتر مستقبل فراہم کیا جا سکے۔

کشمیر کی آزادی کی جدوجہد میں عوام نے بے شمار قربانیاں دی ہیں اور آج بھی اپنے حق خودارادیت کے لئے پرعزم ہیں۔ حکومت آزاد کشمیر نے تعمیر و ترقی کے منصوبوں کا آغاز کیا ہے جن سے علاقے کے عوام کو روزگار کے مواقع میسر آئیں گے۔ تعلیم اور صحت کے شعبوں میں اصلاحات کی ضرورت ہے تاکہ نئی نسل کو بہتر مستقبل فراہم کیا جا سکے۔

82

کشمیر کی آزادی کی جدوجہد میں عوام نے بے شمار قربانیاں دی ہیں اور آج بھی اپنے حق خودارادیت کے لئے پرعزم ہیں۔ حکومت آزاد کشمیر نے تعمیر و ترقی کے منصوبوں کا آغاز کیا ہے جن سے علاقے کے عوام کو روزگار کے مواقع میسر آئیں گے۔ تعلیم اور صحت کے شعبوں میں اصلاحات کی ضرورت ہے تاکہ نئی نسل کو بہتر مستقبل فراہم کیا جا سکے۔

کشمیر کی آزادی کی جدوجہد میں عوام نے بے شمار قربانیاں دی ہیں اور آج بھی اپنے حق خودارادیت کے لئے پرعزم ہیں۔ حکومت آزاد کشمیر نے تعمیر و ترقی کے منصوبوں کا آغاز کیا ہے جن سے علاقے کے عوام کو روزگار کے مواقع میسر آئیں گے۔ تعلیم اور صحت کے شعبوں میں اصلاحات کی ضرورت ہے تاکہ نئی نسل کو بہتر مستقبل فراہم کیا جا سکے۔

83

کشمیر کی آزادی کی جدوجہد میں عوام نے بے شمار قربانیاں دی ہیں اور آج بھی اپنے حق خودارادیت کے لئے پرعزم ہیں۔ حکومت آزاد کشمیر نے تعمیر و ترقی کے منصوبوں کا آغاز کیا ہے جن سے علاقے کے عوام کو روزگار کے مواقع میسر آئیں گے۔ تعلیم اور صحت کے شعبوں میں اصلاحات کی ضرورت ہے تاکہ نئی نسل کو بہتر مستقبل فراہم کیا جا سکے۔

کشمیر کی آزادی کی جدوجہد میں عوام نے بے شمار قربانیاں دی ہیں اور آج بھی اپنے حق خودارادیت کے لئے پرعزم ہیں۔ حکومت آزاد کشمیر نے تعمیر و ترقی کے منصوبوں کا آغاز کیا ہے جن سے علاقے کے عوام کو روزگار کے مواقع میسر آئیں گے۔ تعلیم اور صحت کے شعبوں میں اصلاحات کی ضرورت ہے تاکہ نئی نسل کو بہتر مستقبل فراہم کیا جا سکے۔

84

کشمیر کی آزادی کی جدوجہد میں عوام نے بے شمار قربانیاں دی ہیں اور آج بھی اپنے حق خودارادیت کے لئے پرعزم ہیں۔ حکومت آزاد کشمیر نے تعمیر و ترقی کے منصوبوں کا آغاز کیا ہے جن سے علاقے کے عوام کو روزگار کے مواقع میسر آئیں گے۔ تعلیم اور صحت کے شعبوں میں اصلاحات کی ضرورت ہے تاکہ نئی نسل کو بہتر مستقبل فراہم کیا جا سکے۔

کشمیر کی آزادی کی جدوجہد میں عوام نے بے شمار قربانیاں دی ہیں اور آج بھی اپنے حق خودارادیت کے لئے پرعزم ہیں۔ حکومت آزاد کشمیر نے تعمیر و ترقی کے منصوبوں کا آغاز کیا ہے جن سے علاقے کے عوام کو روزگار کے مواقع میسر آئیں گے۔ تعلیم اور صحت کے شعبوں میں اصلاحات کی ضرورت ہے تاکہ نئی نسل کو بہتر مستقبل فراہم کیا جا سکے۔

85

کشمیر کی آزادی کی جدوجہد میں عوام نے بے شمار قربانیاں دی ہیں اور آج بھی اپنے حق خودارادیت کے لئے پرعزم ہیں۔ حکومت آزاد کشمیر نے تعمیر و ترقی کے منصوبوں کا آغاز کیا ہے جن سے علاقے کے عوام کو روزگار کے مواقع میسر آئیں گے۔ تعلیم اور صحت کے شعبوں میں اصلاحات کی ضرورت ہے تاکہ نئی نسل کو بہتر مستقبل فراہم کیا جا سکے۔

کشمیر کی آزادی کی جدوجہد میں عوام نے بے شمار قربانیاں دی ہیں اور آج بھی اپنے حق خودارادیت کے لئے پرعزم ہیں۔ حکومت آزاد کشمیر نے تعمیر و ترقی کے منصوبوں کا آغاز کیا ہے جن سے علاقے کے عوام کو روزگار کے مواقع میسر آئیں گے۔ تعلیم اور صحت کے شعبوں میں اصلاحات کی ضرورت ہے تاکہ نئی نسل کو بہتر مستقبل فراہم کیا جا سکے۔

86

کشمیر کی آزادی کی جدوجہد میں عوام نے بے شمار قربانیاں دی ہیں اور آج بھی اپنے حق خودارادیت کے لئے پرعزم ہیں۔ حکومت آزاد کشمیر نے تعمیر و ترقی کے منصوبوں کا آغاز کیا ہے جن سے علاقے کے عوام کو روزگار کے مواقع میسر آئیں گے۔ تعلیم اور صحت کے شعبوں میں اصلاحات کی ضرورت ہے تاکہ نئی نسل کو بہتر مستقبل فراہم کیا جا سکے۔

کشمیر کی آزادی کی جدوجہد میں عوام نے بے شمار قربانیاں دی ہیں اور آج بھی اپنے حق خودارادیت کے لئے پرعزم ہیں۔ حکومت آزاد کشمیر نے تعمیر و ترقی کے منصوبوں کا آغاز کیا ہے جن سے علاقے کے عوام کو روزگار کے مواقع میسر آئیں گے۔ تعلیم اور صحت کے شعبوں میں اصلاحات کی ضرورت ہے تاکہ نئی نسل کو بہتر مستقبل فراہم کیا جا سکے۔

87

کشمیر کی آزادی کی جدوجہد میں عوام نے بے شمار قربانیاں دی ہیں اور آج بھی اپنے حق خودارادیت کے لئے پرعزم ہیں۔ حکومت آزاد کشمیر نے تعمیر و ترقی کے منصوبوں کا آغاز کیا ہے جن سے علاقے کے عوام کو روزگار کے مواقع میسر آئیں گے۔ تعلیم اور صحت کے شعبوں میں اصلاحات کی ضرورت ہے تاکہ نئی نسل کو بہتر مستقبل فراہم کیا جا سکے۔

کشمیر کی آزادی کی جدوجہد میں عوام نے بے شمار قربانیاں دی ہیں اور آج بھی اپنے حق خودارادیت کے لئے پرعزم ہیں۔ حکومت آزاد کشمیر نے تعمیر و ترقی کے منصوبوں کا آغاز کیا ہے جن سے علاقے کے عوام کو روزگار کے مواقع میسر آئیں گے۔ تعلیم اور صحت کے شعبوں میں اصلاحات کی ضرورت ہے تاکہ نئی نسل کو بہتر مستقبل فراہم کیا جا سکے۔
